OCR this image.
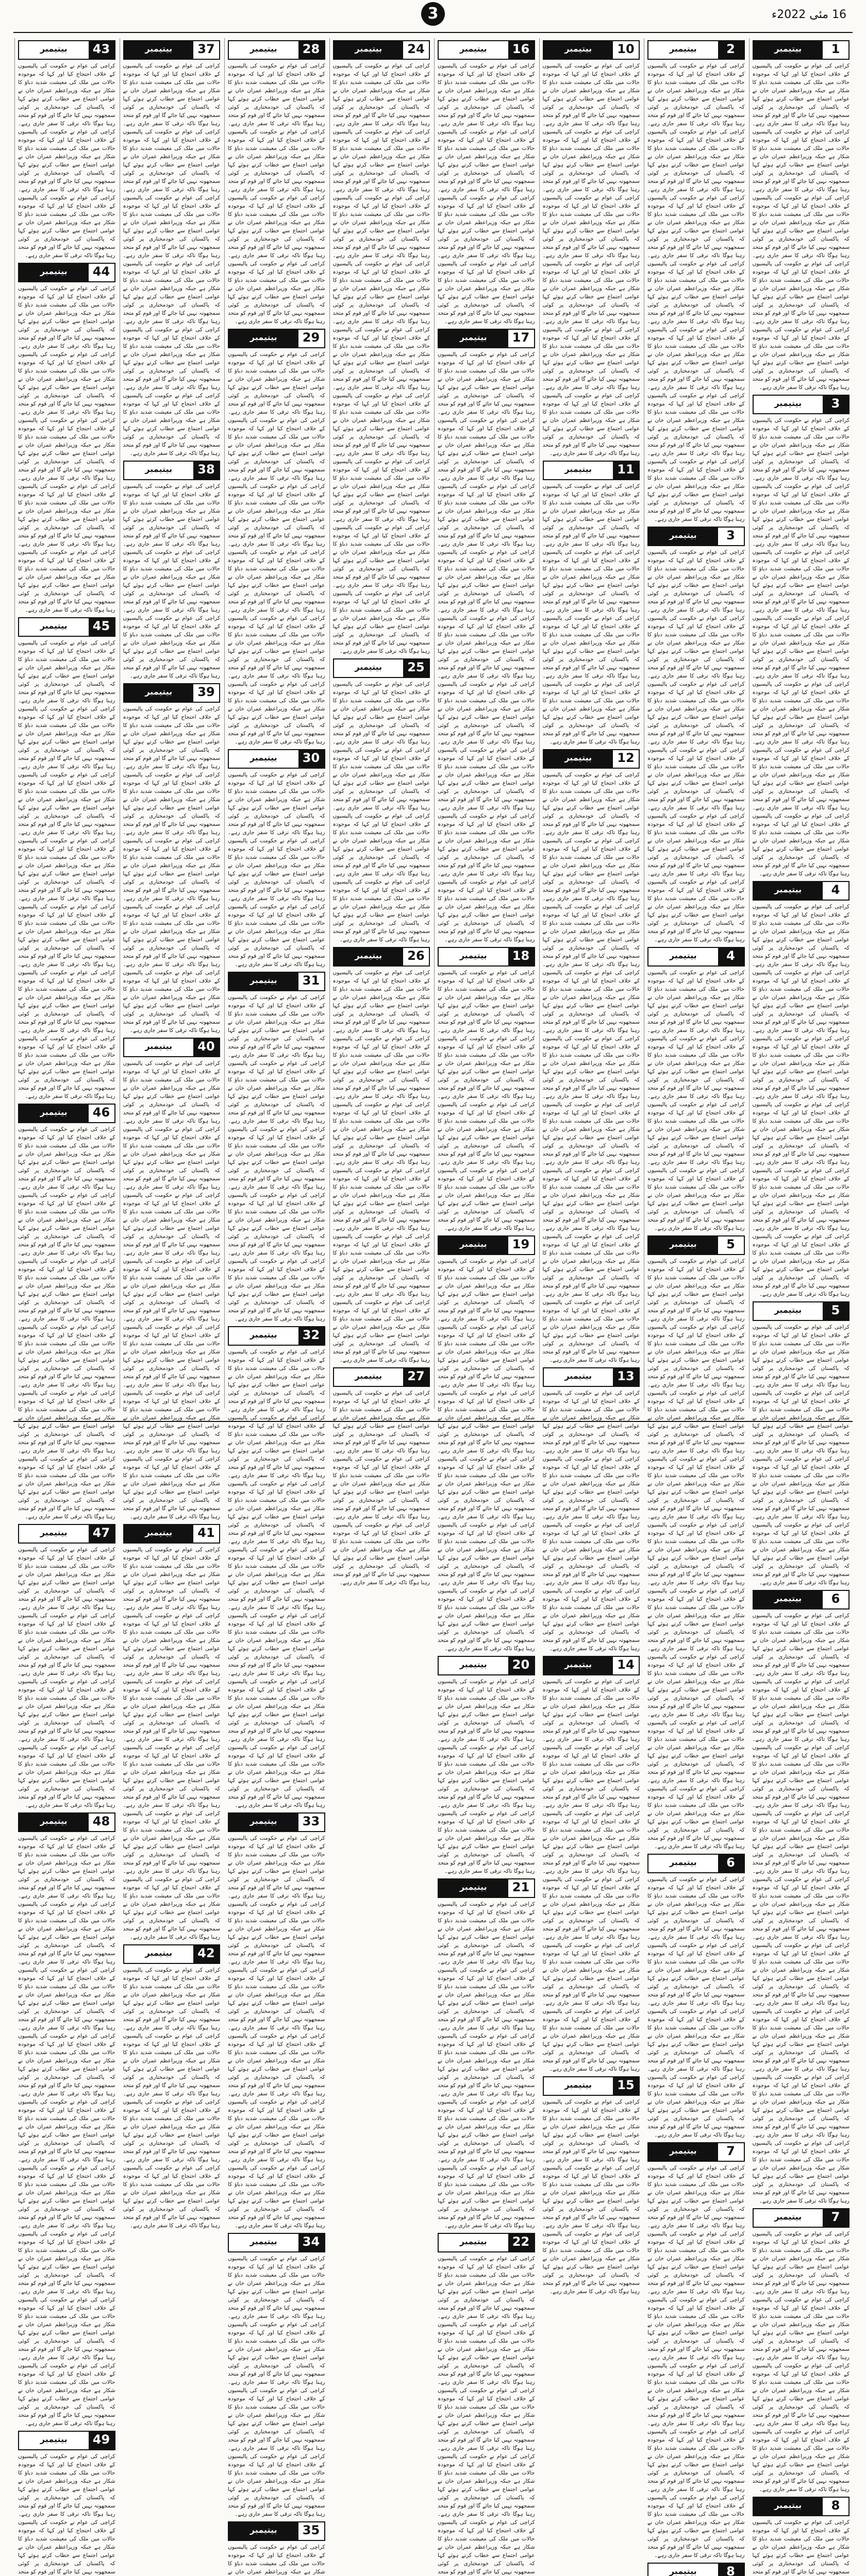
3	16 مئی 2022ء
1
بیتیمبر
کراچی کی عوام نے حکومت کی پالیسیوں کے خلاف احتجاج کیا اور کہا کہ موجودہ حالات میں ملک کی معیشت شدید دباؤ کا شکار ہے جبکہ وزیراعظم عمران خان نے عوامی اجتماع سے خطاب کرتے ہوئے کہا کہ پاکستان کی خودمختاری پر کوئی سمجھوتہ نہیں کیا جائے گا اور قوم کو متحد رہنا ہوگا تاکہ ترقی کا سفر جاری رہے۔ کراچی کی عوام نے حکومت کی پالیسیوں کے خلاف احتجاج کیا اور کہا کہ موجودہ حالات میں ملک کی معیشت شدید دباؤ کا شکار ہے جبکہ وزیراعظم عمران خان نے عوامی اجتماع سے خطاب کرتے ہوئے کہا کہ پاکستان کی خودمختاری پر کوئی سمجھوتہ نہیں کیا جائے گا اور قوم کو متحد رہنا ہوگا تاکہ ترقی کا سفر جاری رہے۔ کراچی کی عوام نے حکومت کی پالیسیوں کے خلاف احتجاج کیا اور کہا کہ موجودہ حالات میں ملک کی معیشت شدید دباؤ کا شکار ہے جبکہ وزیراعظم عمران خان نے عوامی اجتماع سے خطاب کرتے ہوئے کہا کہ پاکستان کی خودمختاری پر کوئی سمجھوتہ نہیں کیا جائے گا اور قوم کو متحد رہنا ہوگا تاکہ ترقی کا سفر جاری رہے۔ کراچی کی عوام نے حکومت کی پالیسیوں کے خلاف احتجاج کیا اور کہا کہ موجودہ حالات میں ملک کی معیشت شدید دباؤ کا شکار ہے جبکہ وزیراعظم عمران خان نے عوامی اجتماع سے خطاب کرتے ہوئے کہا کہ پاکستان کی خودمختاری پر کوئی سمجھوتہ نہیں کیا جائے گا اور قوم کو متحد رہنا ہوگا تاکہ ترقی کا سفر جاری رہے۔ کراچی کی عوام نے حکومت کی پالیسیوں کے خلاف احتجاج کیا اور کہا کہ موجودہ حالات میں ملک کی معیشت شدید دباؤ کا شکار ہے جبکہ وزیراعظم عمران خان نے عوامی اجتماع سے خطاب کرتے ہوئے کہا کہ پاکستان کی خودمختاری پر کوئی سمجھوتہ نہیں کیا جائے گا اور قوم کو متحد رہنا ہوگا تاکہ ترقی کا سفر جاری رہے۔
3
بیتیمبر
کراچی کی عوام نے حکومت کی پالیسیوں کے خلاف احتجاج کیا اور کہا کہ موجودہ حالات میں ملک کی معیشت شدید دباؤ کا شکار ہے جبکہ وزیراعظم عمران خان نے عوامی اجتماع سے خطاب کرتے ہوئے کہا کہ پاکستان کی خودمختاری پر کوئی سمجھوتہ نہیں کیا جائے گا اور قوم کو متحد رہنا ہوگا تاکہ ترقی کا سفر جاری رہے۔ کراچی کی عوام نے حکومت کی پالیسیوں کے خلاف احتجاج کیا اور کہا کہ موجودہ حالات میں ملک کی معیشت شدید دباؤ کا شکار ہے جبکہ وزیراعظم عمران خان نے عوامی اجتماع سے خطاب کرتے ہوئے کہا کہ پاکستان کی خودمختاری پر کوئی سمجھوتہ نہیں کیا جائے گا اور قوم کو متحد رہنا ہوگا تاکہ ترقی کا سفر جاری رہے۔ کراچی کی عوام نے حکومت کی پالیسیوں کے خلاف احتجاج کیا اور کہا کہ موجودہ حالات میں ملک کی معیشت شدید دباؤ کا شکار ہے جبکہ وزیراعظم عمران خان نے عوامی اجتماع سے خطاب کرتے ہوئے کہا کہ پاکستان کی خودمختاری پر کوئی سمجھوتہ نہیں کیا جائے گا اور قوم کو متحد رہنا ہوگا تاکہ ترقی کا سفر جاری رہے۔ کراچی کی عوام نے حکومت کی پالیسیوں کے خلاف احتجاج کیا اور کہا کہ موجودہ حالات میں ملک کی معیشت شدید دباؤ کا شکار ہے جبکہ وزیراعظم عمران خان نے عوامی اجتماع سے خطاب کرتے ہوئے کہا کہ پاکستان کی خودمختاری پر کوئی سمجھوتہ نہیں کیا جائے گا اور قوم کو متحد رہنا ہوگا تاکہ ترقی کا سفر جاری رہے۔ کراچی کی عوام نے حکومت کی پالیسیوں کے خلاف احتجاج کیا اور کہا کہ موجودہ حالات میں ملک کی معیشت شدید دباؤ کا شکار ہے جبکہ وزیراعظم عمران خان نے عوامی اجتماع سے خطاب کرتے ہوئے کہا کہ پاکستان کی خودمختاری پر کوئی سمجھوتہ نہیں کیا جائے گا اور قوم کو متحد رہنا ہوگا تاکہ ترقی کا سفر جاری رہے۔ کراچی کی عوام نے حکومت کی پالیسیوں کے خلاف احتجاج کیا اور کہا کہ موجودہ حالات میں ملک کی معیشت شدید دباؤ کا شکار ہے جبکہ وزیراعظم عمران خان نے عوامی اجتماع سے خطاب کرتے ہوئے کہا کہ پاکستان کی خودمختاری پر کوئی سمجھوتہ نہیں کیا جائے گا اور قوم کو متحد رہنا ہوگا تاکہ ترقی کا سفر جاری رہے۔ کراچی کی عوام نے حکومت کی پالیسیوں کے خلاف احتجاج کیا اور کہا کہ موجودہ حالات میں ملک کی معیشت شدید دباؤ کا شکار ہے جبکہ وزیراعظم عمران خان نے عوامی اجتماع سے خطاب کرتے ہوئے کہا کہ پاکستان کی خودمختاری پر کوئی سمجھوتہ نہیں کیا جائے گا اور قوم کو متحد رہنا ہوگا تاکہ ترقی کا سفر جاری رہے۔
4
بیتیمبر
کراچی کی عوام نے حکومت کی پالیسیوں کے خلاف احتجاج کیا اور کہا کہ موجودہ حالات میں ملک کی معیشت شدید دباؤ کا شکار ہے جبکہ وزیراعظم عمران خان نے عوامی اجتماع سے خطاب کرتے ہوئے کہا کہ پاکستان کی خودمختاری پر کوئی سمجھوتہ نہیں کیا جائے گا اور قوم کو متحد رہنا ہوگا تاکہ ترقی کا سفر جاری رہے۔ کراچی کی عوام نے حکومت کی پالیسیوں کے خلاف احتجاج کیا اور کہا کہ موجودہ حالات میں ملک کی معیشت شدید دباؤ کا شکار ہے جبکہ وزیراعظم عمران خان نے عوامی اجتماع سے خطاب کرتے ہوئے کہا کہ پاکستان کی خودمختاری پر کوئی سمجھوتہ نہیں کیا جائے گا اور قوم کو متحد رہنا ہوگا تاکہ ترقی کا سفر جاری رہے۔ کراچی کی عوام نے حکومت کی پالیسیوں کے خلاف احتجاج کیا اور کہا کہ موجودہ حالات میں ملک کی معیشت شدید دباؤ کا شکار ہے جبکہ وزیراعظم عمران خان نے عوامی اجتماع سے خطاب کرتے ہوئے کہا کہ پاکستان کی خودمختاری پر کوئی سمجھوتہ نہیں کیا جائے گا اور قوم کو متحد رہنا ہوگا تاکہ ترقی کا سفر جاری رہے۔ کراچی کی عوام نے حکومت کی پالیسیوں کے خلاف احتجاج کیا اور کہا کہ موجودہ حالات میں ملک کی معیشت شدید دباؤ کا شکار ہے جبکہ وزیراعظم عمران خان نے عوامی اجتماع سے خطاب کرتے ہوئے کہا کہ پاکستان کی خودمختاری پر کوئی سمجھوتہ نہیں کیا جائے گا اور قوم کو متحد رہنا ہوگا تاکہ ترقی کا سفر جاری رہے۔ کراچی کی عوام نے حکومت کی پالیسیوں کے خلاف احتجاج کیا اور کہا کہ موجودہ حالات میں ملک کی معیشت شدید دباؤ کا شکار ہے جبکہ وزیراعظم عمران خان نے عوامی اجتماع سے خطاب کرتے ہوئے کہا کہ پاکستان کی خودمختاری پر کوئی سمجھوتہ نہیں کیا جائے گا اور قوم کو متحد رہنا ہوگا تاکہ ترقی کا سفر جاری رہے۔ کراچی کی عوام نے حکومت کی پالیسیوں کے خلاف احتجاج کیا اور کہا کہ موجودہ حالات میں ملک کی معیشت شدید دباؤ کا شکار ہے جبکہ وزیراعظم عمران خان نے عوامی اجتماع سے خطاب کرتے ہوئے کہا کہ پاکستان کی خودمختاری پر کوئی سمجھوتہ نہیں کیا جائے گا اور قوم کو متحد رہنا ہوگا تاکہ ترقی کا سفر جاری رہے۔
5
بیتیمبر
کراچی کی عوام نے حکومت کی پالیسیوں کے خلاف احتجاج کیا اور کہا کہ موجودہ حالات میں ملک کی معیشت شدید دباؤ کا شکار ہے جبکہ وزیراعظم عمران خان نے عوامی اجتماع سے خطاب کرتے ہوئے کہا کہ پاکستان کی خودمختاری پر کوئی سمجھوتہ نہیں کیا جائے گا اور قوم کو متحد رہنا ہوگا تاکہ ترقی کا سفر جاری رہے۔ کراچی کی عوام نے حکومت کی پالیسیوں کے خلاف احتجاج کیا اور کہا کہ موجودہ حالات میں ملک کی معیشت شدید دباؤ کا شکار ہے جبکہ وزیراعظم عمران خان نے عوامی اجتماع سے خطاب کرتے ہوئے کہا کہ پاکستان کی خودمختاری پر کوئی سمجھوتہ نہیں کیا جائے گا اور قوم کو متحد رہنا ہوگا تاکہ ترقی کا سفر جاری رہے۔ کراچی کی عوام نے حکومت کی پالیسیوں کے خلاف احتجاج کیا اور کہا کہ موجودہ حالات میں ملک کی معیشت شدید دباؤ کا شکار ہے جبکہ وزیراعظم عمران خان نے عوامی اجتماع سے خطاب کرتے ہوئے کہا کہ پاکستان کی خودمختاری پر کوئی سمجھوتہ نہیں کیا جائے گا اور قوم کو متحد رہنا ہوگا تاکہ ترقی کا سفر جاری رہے۔ کراچی کی عوام نے حکومت کی پالیسیوں کے خلاف احتجاج کیا اور کہا کہ موجودہ حالات میں ملک کی معیشت شدید دباؤ کا شکار ہے جبکہ وزیراعظم عمران خان نے عوامی اجتماع سے خطاب کرتے ہوئے کہا کہ پاکستان کی خودمختاری پر کوئی سمجھوتہ نہیں کیا جائے گا اور قوم کو متحد رہنا ہوگا تاکہ ترقی کا سفر جاری رہے۔
6
بیتیمبر
کراچی کی عوام نے حکومت کی پالیسیوں کے خلاف احتجاج کیا اور کہا کہ موجودہ حالات میں ملک کی معیشت شدید دباؤ کا شکار ہے جبکہ وزیراعظم عمران خان نے عوامی اجتماع سے خطاب کرتے ہوئے کہا کہ پاکستان کی خودمختاری پر کوئی سمجھوتہ نہیں کیا جائے گا اور قوم کو متحد رہنا ہوگا تاکہ ترقی کا سفر جاری رہے۔ کراچی کی عوام نے حکومت کی پالیسیوں کے خلاف احتجاج کیا اور کہا کہ موجودہ حالات میں ملک کی معیشت شدید دباؤ کا شکار ہے جبکہ وزیراعظم عمران خان نے عوامی اجتماع سے خطاب کرتے ہوئے کہا کہ پاکستان کی خودمختاری پر کوئی سمجھوتہ نہیں کیا جائے گا اور قوم کو متحد رہنا ہوگا تاکہ ترقی کا سفر جاری رہے۔ کراچی کی عوام نے حکومت کی پالیسیوں کے خلاف احتجاج کیا اور کہا کہ موجودہ حالات میں ملک کی معیشت شدید دباؤ کا شکار ہے جبکہ وزیراعظم عمران خان نے عوامی اجتماع سے خطاب کرتے ہوئے کہا کہ پاکستان کی خودمختاری پر کوئی سمجھوتہ نہیں کیا جائے گا اور قوم کو متحد رہنا ہوگا تاکہ ترقی کا سفر جاری رہے۔ کراچی کی عوام نے حکومت کی پالیسیوں کے خلاف احتجاج کیا اور کہا کہ موجودہ حالات میں ملک کی معیشت شدید دباؤ کا شکار ہے جبکہ وزیراعظم عمران خان نے عوامی اجتماع سے خطاب کرتے ہوئے کہا کہ پاکستان کی خودمختاری پر کوئی سمجھوتہ نہیں کیا جائے گا اور قوم کو متحد رہنا ہوگا تاکہ ترقی کا سفر جاری رہے۔ کراچی کی عوام نے حکومت کی پالیسیوں کے خلاف احتجاج کیا اور کہا کہ موجودہ حالات میں ملک کی معیشت شدید دباؤ کا شکار ہے جبکہ وزیراعظم عمران خان نے عوامی اجتماع سے خطاب کرتے ہوئے کہا کہ پاکستان کی خودمختاری پر کوئی سمجھوتہ نہیں کیا جائے گا اور قوم کو متحد رہنا ہوگا تاکہ ترقی کا سفر جاری رہے۔ کراچی کی عوام نے حکومت کی پالیسیوں کے خلاف احتجاج کیا اور کہا کہ موجودہ حالات میں ملک کی معیشت شدید دباؤ کا شکار ہے جبکہ وزیراعظم عمران خان نے عوامی اجتماع سے خطاب کرتے ہوئے کہا کہ پاکستان کی خودمختاری پر کوئی سمجھوتہ نہیں کیا جائے گا اور قوم کو متحد رہنا ہوگا تاکہ ترقی کا سفر جاری رہے۔ کراچی کی عوام نے حکومت کی پالیسیوں کے خلاف احتجاج کیا اور کہا کہ موجودہ حالات میں ملک کی معیشت شدید دباؤ کا شکار ہے جبکہ وزیراعظم عمران خان نے عوامی اجتماع سے خطاب کرتے ہوئے کہا کہ پاکستان کی خودمختاری پر کوئی سمجھوتہ نہیں کیا جائے گا اور قوم کو متحد رہنا ہوگا تاکہ ترقی کا سفر جاری رہے۔ کراچی کی عوام نے حکومت کی پالیسیوں کے خلاف احتجاج کیا اور کہا کہ موجودہ حالات میں ملک کی معیشت شدید دباؤ کا شکار ہے جبکہ وزیراعظم عمران خان نے عوامی اجتماع سے خطاب کرتے ہوئے کہا کہ پاکستان کی خودمختاری پر کوئی سمجھوتہ نہیں کیا جائے گا اور قوم کو متحد رہنا ہوگا تاکہ ترقی کا سفر جاری رہے۔ کراچی کی عوام نے حکومت کی پالیسیوں کے خلاف احتجاج کیا اور کہا کہ موجودہ حالات میں ملک کی معیشت شدید دباؤ کا شکار ہے جبکہ وزیراعظم عمران خان نے عوامی اجتماع سے خطاب کرتے ہوئے کہا کہ پاکستان کی خودمختاری پر کوئی سمجھوتہ نہیں کیا جائے گا اور قوم کو متحد رہنا ہوگا تاکہ ترقی کا سفر جاری رہے۔
7
بیتیمبر
کراچی کی عوام نے حکومت کی پالیسیوں کے خلاف احتجاج کیا اور کہا کہ موجودہ حالات میں ملک کی معیشت شدید دباؤ کا شکار ہے جبکہ وزیراعظم عمران خان نے عوامی اجتماع سے خطاب کرتے ہوئے کہا کہ پاکستان کی خودمختاری پر کوئی سمجھوتہ نہیں کیا جائے گا اور قوم کو متحد رہنا ہوگا تاکہ ترقی کا سفر جاری رہے۔ کراچی کی عوام نے حکومت کی پالیسیوں کے خلاف احتجاج کیا اور کہا کہ موجودہ حالات میں ملک کی معیشت شدید دباؤ کا شکار ہے جبکہ وزیراعظم عمران خان نے عوامی اجتماع سے خطاب کرتے ہوئے کہا کہ پاکستان کی خودمختاری پر کوئی سمجھوتہ نہیں کیا جائے گا اور قوم کو متحد رہنا ہوگا تاکہ ترقی کا سفر جاری رہے۔ کراچی کی عوام نے حکومت کی پالیسیوں کے خلاف احتجاج کیا اور کہا کہ موجودہ حالات میں ملک کی معیشت شدید دباؤ کا شکار ہے جبکہ وزیراعظم عمران خان نے عوامی اجتماع سے خطاب کرتے ہوئے کہا کہ پاکستان کی خودمختاری پر کوئی سمجھوتہ نہیں کیا جائے گا اور قوم کو متحد رہنا ہوگا تاکہ ترقی کا سفر جاری رہے۔ کراچی کی عوام نے حکومت کی پالیسیوں کے خلاف احتجاج کیا اور کہا کہ موجودہ حالات میں ملک کی معیشت شدید دباؤ کا شکار ہے جبکہ وزیراعظم عمران خان نے عوامی اجتماع سے خطاب کرتے ہوئے کہا کہ پاکستان کی خودمختاری پر کوئی سمجھوتہ نہیں کیا جائے گا اور قوم کو متحد رہنا ہوگا تاکہ ترقی کا سفر جاری رہے۔
8
بیتیمبر
کراچی کی عوام نے حکومت کی پالیسیوں کے خلاف احتجاج کیا اور کہا کہ موجودہ حالات میں ملک کی معیشت شدید دباؤ کا شکار ہے جبکہ وزیراعظم عمران خان نے عوامی اجتماع سے خطاب کرتے ہوئے کہا کہ پاکستان کی خودمختاری پر کوئی سمجھوتہ نہیں کیا جائے گا اور قوم کو متحد
2
بیتیمبر
کراچی کی عوام نے حکومت کی پالیسیوں کے خلاف احتجاج کیا اور کہا کہ موجودہ حالات میں ملک کی معیشت شدید دباؤ کا شکار ہے جبکہ وزیراعظم عمران خان نے عوامی اجتماع سے خطاب کرتے ہوئے کہا کہ پاکستان کی خودمختاری پر کوئی سمجھوتہ نہیں کیا جائے گا اور قوم کو متحد رہنا ہوگا تاکہ ترقی کا سفر جاری رہے۔ کراچی کی عوام نے حکومت کی پالیسیوں کے خلاف احتجاج کیا اور کہا کہ موجودہ حالات میں ملک کی معیشت شدید دباؤ کا شکار ہے جبکہ وزیراعظم عمران خان نے عوامی اجتماع سے خطاب کرتے ہوئے کہا کہ پاکستان کی خودمختاری پر کوئی سمجھوتہ نہیں کیا جائے گا اور قوم کو متحد رہنا ہوگا تاکہ ترقی کا سفر جاری رہے۔ کراچی کی عوام نے حکومت کی پالیسیوں کے خلاف احتجاج کیا اور کہا کہ موجودہ حالات میں ملک کی معیشت شدید دباؤ کا شکار ہے جبکہ وزیراعظم عمران خان نے عوامی اجتماع سے خطاب کرتے ہوئے کہا کہ پاکستان کی خودمختاری پر کوئی سمجھوتہ نہیں کیا جائے گا اور قوم کو متحد رہنا ہوگا تاکہ ترقی کا سفر جاری رہے۔ کراچی کی عوام نے حکومت کی پالیسیوں کے خلاف احتجاج کیا اور کہا کہ موجودہ حالات میں ملک کی معیشت شدید دباؤ کا شکار ہے جبکہ وزیراعظم عمران خان نے عوامی اجتماع سے خطاب کرتے ہوئے کہا کہ پاکستان کی خودمختاری پر کوئی سمجھوتہ نہیں کیا جائے گا اور قوم کو متحد رہنا ہوگا تاکہ ترقی کا سفر جاری رہے۔ کراچی کی عوام نے حکومت کی پالیسیوں کے خلاف احتجاج کیا اور کہا کہ موجودہ حالات میں ملک کی معیشت شدید دباؤ کا شکار ہے جبکہ وزیراعظم عمران خان نے عوامی اجتماع سے خطاب کرتے ہوئے کہا کہ پاکستان کی خودمختاری پر کوئی سمجھوتہ نہیں کیا جائے گا اور قوم کو متحد رہنا ہوگا تاکہ ترقی کا سفر جاری رہے۔ کراچی کی عوام نے حکومت کی پالیسیوں کے خلاف احتجاج کیا اور کہا کہ موجودہ حالات میں ملک کی معیشت شدید دباؤ کا شکار ہے جبکہ وزیراعظم عمران خان نے عوامی اجتماع سے خطاب کرتے ہوئے کہا کہ پاکستان کی خودمختاری پر کوئی سمجھوتہ نہیں کیا جائے گا اور قوم کو متحد رہنا ہوگا تاکہ ترقی کا سفر جاری رہے۔ کراچی کی عوام نے حکومت کی پالیسیوں کے خلاف احتجاج کیا اور کہا کہ موجودہ حالات میں ملک کی معیشت شدید دباؤ کا شکار ہے جبکہ وزیراعظم عمران خان نے عوامی اجتماع سے خطاب کرتے ہوئے کہا کہ پاکستان کی خودمختاری پر کوئی سمجھوتہ نہیں کیا جائے گا اور قوم کو متحد رہنا ہوگا تاکہ ترقی کا سفر جاری رہے۔
3
بیتیمبر
کراچی کی عوام نے حکومت کی پالیسیوں کے خلاف احتجاج کیا اور کہا کہ موجودہ حالات میں ملک کی معیشت شدید دباؤ کا شکار ہے جبکہ وزیراعظم عمران خان نے عوامی اجتماع سے خطاب کرتے ہوئے کہا کہ پاکستان کی خودمختاری پر کوئی سمجھوتہ نہیں کیا جائے گا اور قوم کو متحد رہنا ہوگا تاکہ ترقی کا سفر جاری رہے۔ کراچی کی عوام نے حکومت کی پالیسیوں کے خلاف احتجاج کیا اور کہا کہ موجودہ حالات میں ملک کی معیشت شدید دباؤ کا شکار ہے جبکہ وزیراعظم عمران خان نے عوامی اجتماع سے خطاب کرتے ہوئے کہا کہ پاکستان کی خودمختاری پر کوئی سمجھوتہ نہیں کیا جائے گا اور قوم کو متحد رہنا ہوگا تاکہ ترقی کا سفر جاری رہے۔ کراچی کی عوام نے حکومت کی پالیسیوں کے خلاف احتجاج کیا اور کہا کہ موجودہ حالات میں ملک کی معیشت شدید دباؤ کا شکار ہے جبکہ وزیراعظم عمران خان نے عوامی اجتماع سے خطاب کرتے ہوئے کہا کہ پاکستان کی خودمختاری پر کوئی سمجھوتہ نہیں کیا جائے گا اور قوم کو متحد رہنا ہوگا تاکہ ترقی کا سفر جاری رہے۔ کراچی کی عوام نے حکومت کی پالیسیوں کے خلاف احتجاج کیا اور کہا کہ موجودہ حالات میں ملک کی معیشت شدید دباؤ کا شکار ہے جبکہ وزیراعظم عمران خان نے عوامی اجتماع سے خطاب کرتے ہوئے کہا کہ پاکستان کی خودمختاری پر کوئی سمجھوتہ نہیں کیا جائے گا اور قوم کو متحد رہنا ہوگا تاکہ ترقی کا سفر جاری رہے۔ کراچی کی عوام نے حکومت کی پالیسیوں کے خلاف احتجاج کیا اور کہا کہ موجودہ حالات میں ملک کی معیشت شدید دباؤ کا شکار ہے جبکہ وزیراعظم عمران خان نے عوامی اجتماع سے خطاب کرتے ہوئے کہا کہ پاکستان کی خودمختاری پر کوئی سمجھوتہ نہیں کیا جائے گا اور قوم کو متحد رہنا ہوگا تاکہ ترقی کا سفر جاری رہے۔ کراچی کی عوام نے حکومت کی پالیسیوں کے خلاف احتجاج کیا اور کہا کہ موجودہ حالات میں ملک کی معیشت شدید دباؤ کا شکار ہے جبکہ وزیراعظم عمران خان نے عوامی اجتماع سے خطاب کرتے ہوئے کہا کہ پاکستان کی خودمختاری پر کوئی سمجھوتہ نہیں کیا جائے گا اور قوم کو متحد رہنا ہوگا تاکہ ترقی کا سفر جاری رہے۔
4
بیتیمبر
کراچی کی عوام نے حکومت کی پالیسیوں کے خلاف احتجاج کیا اور کہا کہ موجودہ حالات میں ملک کی معیشت شدید دباؤ کا شکار ہے جبکہ وزیراعظم عمران خان نے عوامی اجتماع سے خطاب کرتے ہوئے کہا کہ پاکستان کی خودمختاری پر کوئی سمجھوتہ نہیں کیا جائے گا اور قوم کو متحد رہنا ہوگا تاکہ ترقی کا سفر جاری رہے۔ کراچی کی عوام نے حکومت کی پالیسیوں کے خلاف احتجاج کیا اور کہا کہ موجودہ حالات میں ملک کی معیشت شدید دباؤ کا شکار ہے جبکہ وزیراعظم عمران خان نے عوامی اجتماع سے خطاب کرتے ہوئے کہا کہ پاکستان کی خودمختاری پر کوئی سمجھوتہ نہیں کیا جائے گا اور قوم کو متحد رہنا ہوگا تاکہ ترقی کا سفر جاری رہے۔ کراچی کی عوام نے حکومت کی پالیسیوں کے خلاف احتجاج کیا اور کہا کہ موجودہ حالات میں ملک کی معیشت شدید دباؤ کا شکار ہے جبکہ وزیراعظم عمران خان نے عوامی اجتماع سے خطاب کرتے ہوئے کہا کہ پاکستان کی خودمختاری پر کوئی سمجھوتہ نہیں کیا جائے گا اور قوم کو متحد رہنا ہوگا تاکہ ترقی کا سفر جاری رہے۔ کراچی کی عوام نے حکومت کی پالیسیوں کے خلاف احتجاج کیا اور کہا کہ موجودہ حالات میں ملک کی معیشت شدید دباؤ کا شکار ہے جبکہ وزیراعظم عمران خان نے عوامی اجتماع سے خطاب کرتے ہوئے کہا کہ پاکستان کی خودمختاری پر کوئی سمجھوتہ نہیں کیا جائے گا اور قوم کو متحد رہنا ہوگا تاکہ ترقی کا سفر جاری رہے۔
5
بیتیمبر
کراچی کی عوام نے حکومت کی پالیسیوں کے خلاف احتجاج کیا اور کہا کہ موجودہ حالات میں ملک کی معیشت شدید دباؤ کا شکار ہے جبکہ وزیراعظم عمران خان نے عوامی اجتماع سے خطاب کرتے ہوئے کہا کہ پاکستان کی خودمختاری پر کوئی سمجھوتہ نہیں کیا جائے گا اور قوم کو متحد رہنا ہوگا تاکہ ترقی کا سفر جاری رہے۔ کراچی کی عوام نے حکومت کی پالیسیوں کے خلاف احتجاج کیا اور کہا کہ موجودہ حالات میں ملک کی معیشت شدید دباؤ کا شکار ہے جبکہ وزیراعظم عمران خان نے عوامی اجتماع سے خطاب کرتے ہوئے کہا کہ پاکستان کی خودمختاری پر کوئی سمجھوتہ نہیں کیا جائے گا اور قوم کو متحد رہنا ہوگا تاکہ ترقی کا سفر جاری رہے۔ کراچی کی عوام نے حکومت کی پالیسیوں کے خلاف احتجاج کیا اور کہا کہ موجودہ حالات میں ملک کی معیشت شدید دباؤ کا شکار ہے جبکہ وزیراعظم عمران خان نے عوامی اجتماع سے خطاب کرتے ہوئے کہا کہ پاکستان کی خودمختاری پر کوئی سمجھوتہ نہیں کیا جائے گا اور قوم کو متحد رہنا ہوگا تاکہ ترقی کا سفر جاری رہے۔ کراچی کی عوام نے حکومت کی پالیسیوں کے خلاف احتجاج کیا اور کہا کہ موجودہ حالات میں ملک کی معیشت شدید دباؤ کا شکار ہے جبکہ وزیراعظم عمران خان نے عوامی اجتماع سے خطاب کرتے ہوئے کہا کہ پاکستان کی خودمختاری پر کوئی سمجھوتہ نہیں کیا جائے گا اور قوم کو متحد رہنا ہوگا تاکہ ترقی کا سفر جاری رہے۔ کراچی کی عوام نے حکومت کی پالیسیوں کے خلاف احتجاج کیا اور کہا کہ موجودہ حالات میں ملک کی معیشت شدید دباؤ کا شکار ہے جبکہ وزیراعظم عمران خان نے عوامی اجتماع سے خطاب کرتے ہوئے کہا کہ پاکستان کی خودمختاری پر کوئی سمجھوتہ نہیں کیا جائے گا اور قوم کو متحد رہنا ہوگا تاکہ ترقی کا سفر جاری رہے۔ کراچی کی عوام نے حکومت کی پالیسیوں کے خلاف احتجاج کیا اور کہا کہ موجودہ حالات میں ملک کی معیشت شدید دباؤ کا شکار ہے جبکہ وزیراعظم عمران خان نے عوامی اجتماع سے خطاب کرتے ہوئے کہا کہ پاکستان کی خودمختاری پر کوئی سمجھوتہ نہیں کیا جائے گا اور قوم کو متحد رہنا ہوگا تاکہ ترقی کا سفر جاری رہے۔ کراچی کی عوام نے حکومت کی پالیسیوں کے خلاف احتجاج کیا اور کہا کہ موجودہ حالات میں ملک کی معیشت شدید دباؤ کا شکار ہے جبکہ وزیراعظم عمران خان نے عوامی اجتماع سے خطاب کرتے ہوئے کہا کہ پاکستان کی خودمختاری پر کوئی سمجھوتہ نہیں کیا جائے گا اور قوم کو متحد رہنا ہوگا تاکہ ترقی کا سفر جاری رہے۔ کراچی کی عوام نے حکومت کی پالیسیوں کے خلاف احتجاج کیا اور کہا کہ موجودہ حالات میں ملک کی معیشت شدید دباؤ کا شکار ہے جبکہ وزیراعظم عمران خان نے عوامی اجتماع سے خطاب کرتے ہوئے کہا کہ پاکستان کی خودمختاری پر کوئی سمجھوتہ نہیں کیا جائے گا اور قوم کو متحد رہنا ہوگا تاکہ ترقی کا سفر جاری رہے۔ کراچی کی عوام نے حکومت کی پالیسیوں کے خلاف احتجاج کیا اور کہا کہ موجودہ حالات میں ملک کی معیشت شدید دباؤ کا شکار ہے جبکہ وزیراعظم عمران خان نے عوامی اجتماع سے خطاب کرتے ہوئے کہا کہ پاکستان کی خودمختاری پر کوئی سمجھوتہ نہیں کیا جائے گا اور قوم کو متحد رہنا ہوگا تاکہ ترقی کا سفر جاری رہے۔
6
بیتیمبر
کراچی کی عوام نے حکومت کی پالیسیوں کے خلاف احتجاج کیا اور کہا کہ موجودہ حالات میں ملک کی معیشت شدید دباؤ کا شکار ہے جبکہ وزیراعظم عمران خان نے عوامی اجتماع سے خطاب کرتے ہوئے کہا کہ پاکستان کی خودمختاری پر کوئی سمجھوتہ نہیں کیا جائے گا اور قوم کو متحد رہنا ہوگا تاکہ ترقی کا سفر جاری رہے۔ کراچی کی عوام نے حکومت کی پالیسیوں کے خلاف احتجاج کیا اور کہا کہ موجودہ حالات میں ملک کی معیشت شدید دباؤ کا شکار ہے جبکہ وزیراعظم عمران خان نے عوامی اجتماع سے خطاب کرتے ہوئے کہا کہ پاکستان کی خودمختاری پر کوئی سمجھوتہ نہیں کیا جائے گا اور قوم کو متحد رہنا ہوگا تاکہ ترقی کا سفر جاری رہے۔ کراچی کی عوام نے حکومت کی پالیسیوں کے خلاف احتجاج کیا اور کہا کہ موجودہ حالات میں ملک کی معیشت شدید دباؤ کا شکار ہے جبکہ وزیراعظم عمران خان نے عوامی اجتماع سے خطاب کرتے ہوئے کہا کہ پاکستان کی خودمختاری پر کوئی سمجھوتہ نہیں کیا جائے گا اور قوم کو متحد رہنا ہوگا تاکہ ترقی کا سفر جاری رہے۔ کراچی کی عوام نے حکومت کی پالیسیوں کے خلاف احتجاج کیا اور کہا کہ موجودہ حالات میں ملک کی معیشت شدید دباؤ کا شکار ہے جبکہ وزیراعظم عمران خان نے عوامی اجتماع سے خطاب کرتے ہوئے کہا کہ پاکستان کی خودمختاری پر کوئی سمجھوتہ نہیں کیا جائے گا اور قوم کو متحد رہنا ہوگا تاکہ ترقی کا سفر جاری رہے۔
7
بیتیمبر
کراچی کی عوام نے حکومت کی پالیسیوں کے خلاف احتجاج کیا اور کہا کہ موجودہ حالات میں ملک کی معیشت شدید دباؤ کا شکار ہے جبکہ وزیراعظم عمران خان نے عوامی اجتماع سے خطاب کرتے ہوئے کہا کہ پاکستان کی خودمختاری پر کوئی سمجھوتہ نہیں کیا جائے گا اور قوم کو متحد رہنا ہوگا تاکہ ترقی کا سفر جاری رہے۔ کراچی کی عوام نے حکومت کی پالیسیوں کے خلاف احتجاج کیا اور کہا کہ موجودہ حالات میں ملک کی معیشت شدید دباؤ کا شکار ہے جبکہ وزیراعظم عمران خان نے عوامی اجتماع سے خطاب کرتے ہوئے کہا کہ پاکستان کی خودمختاری پر کوئی سمجھوتہ نہیں کیا جائے گا اور قوم کو متحد رہنا ہوگا تاکہ ترقی کا سفر جاری رہے۔ کراچی کی عوام نے حکومت کی پالیسیوں کے خلاف احتجاج کیا اور کہا کہ موجودہ حالات میں ملک کی معیشت شدید دباؤ کا شکار ہے جبکہ وزیراعظم عمران خان نے عوامی اجتماع سے خطاب کرتے ہوئے کہا کہ پاکستان کی خودمختاری پر کوئی سمجھوتہ نہیں کیا جائے گا اور قوم کو متحد رہنا ہوگا تاکہ ترقی کا سفر جاری رہے۔ کراچی کی عوام نے حکومت کی پالیسیوں کے خلاف احتجاج کیا اور کہا کہ موجودہ حالات میں ملک کی معیشت شدید دباؤ کا شکار ہے جبکہ وزیراعظم عمران خان نے عوامی اجتماع سے خطاب کرتے ہوئے کہا کہ پاکستان کی خودمختاری پر کوئی سمجھوتہ نہیں کیا جائے گا اور قوم کو متحد رہنا ہوگا تاکہ ترقی کا سفر جاری رہے۔ کراچی کی عوام نے حکومت کی پالیسیوں کے خلاف احتجاج کیا اور کہا کہ موجودہ حالات میں ملک کی معیشت شدید دباؤ کا شکار ہے جبکہ وزیراعظم عمران خان نے عوامی اجتماع سے خطاب کرتے ہوئے کہا کہ پاکستان کی خودمختاری پر کوئی سمجھوتہ نہیں کیا جائے گا اور قوم کو متحد رہنا ہوگا تاکہ ترقی کا سفر جاری رہے۔ کراچی کی عوام نے حکومت کی پالیسیوں کے خلاف احتجاج کیا اور کہا کہ موجودہ حالات میں ملک کی معیشت شدید دباؤ کا شکار ہے جبکہ وزیراعظم عمران خان نے عوامی اجتماع سے خطاب کرتے ہوئے کہا کہ پاکستان کی خودمختاری پر کوئی سمجھوتہ نہیں کیا جائے گا اور قوم کو متحد رہنا ہوگا تاکہ ترقی کا سفر جاری رہے۔
8
بیتیمبر
10
بیتیمبر
کراچی کی عوام نے حکومت کی پالیسیوں کے خلاف احتجاج کیا اور کہا کہ موجودہ حالات میں ملک کی معیشت شدید دباؤ کا شکار ہے جبکہ وزیراعظم عمران خان نے عوامی اجتماع سے خطاب کرتے ہوئے کہا کہ پاکستان کی خودمختاری پر کوئی سمجھوتہ نہیں کیا جائے گا اور قوم کو متحد رہنا ہوگا تاکہ ترقی کا سفر جاری رہے۔ کراچی کی عوام نے حکومت کی پالیسیوں کے خلاف احتجاج کیا اور کہا کہ موجودہ حالات میں ملک کی معیشت شدید دباؤ کا شکار ہے جبکہ وزیراعظم عمران خان نے عوامی اجتماع سے خطاب کرتے ہوئے کہا کہ پاکستان کی خودمختاری پر کوئی سمجھوتہ نہیں کیا جائے گا اور قوم کو متحد رہنا ہوگا تاکہ ترقی کا سفر جاری رہے۔ کراچی کی عوام نے حکومت کی پالیسیوں کے خلاف احتجاج کیا اور کہا کہ موجودہ حالات میں ملک کی معیشت شدید دباؤ کا شکار ہے جبکہ وزیراعظم عمران خان نے عوامی اجتماع سے خطاب کرتے ہوئے کہا کہ پاکستان کی خودمختاری پر کوئی سمجھوتہ نہیں کیا جائے گا اور قوم کو متحد رہنا ہوگا تاکہ ترقی کا سفر جاری رہے۔ کراچی کی عوام نے حکومت کی پالیسیوں کے خلاف احتجاج کیا اور کہا کہ موجودہ حالات میں ملک کی معیشت شدید دباؤ کا شکار ہے جبکہ وزیراعظم عمران خان نے عوامی اجتماع سے خطاب کرتے ہوئے کہا کہ پاکستان کی خودمختاری پر کوئی سمجھوتہ نہیں کیا جائے گا اور قوم کو متحد رہنا ہوگا تاکہ ترقی کا سفر جاری رہے۔ کراچی کی عوام نے حکومت کی پالیسیوں کے خلاف احتجاج کیا اور کہا کہ موجودہ حالات میں ملک کی معیشت شدید دباؤ کا شکار ہے جبکہ وزیراعظم عمران خان نے عوامی اجتماع سے خطاب کرتے ہوئے کہا کہ پاکستان کی خودمختاری پر کوئی سمجھوتہ نہیں کیا جائے گا اور قوم کو متحد رہنا ہوگا تاکہ ترقی کا سفر جاری رہے۔ کراچی کی عوام نے حکومت کی پالیسیوں کے خلاف احتجاج کیا اور کہا کہ موجودہ حالات میں ملک کی معیشت شدید دباؤ کا شکار ہے جبکہ وزیراعظم عمران خان نے عوامی اجتماع سے خطاب کرتے ہوئے کہا کہ پاکستان کی خودمختاری پر کوئی سمجھوتہ نہیں کیا جائے گا اور قوم کو متحد رہنا ہوگا تاکہ ترقی کا سفر جاری رہے۔
11
بیتیمبر
کراچی کی عوام نے حکومت کی پالیسیوں کے خلاف احتجاج کیا اور کہا کہ موجودہ حالات میں ملک کی معیشت شدید دباؤ کا شکار ہے جبکہ وزیراعظم عمران خان نے عوامی اجتماع سے خطاب کرتے ہوئے کہا کہ پاکستان کی خودمختاری پر کوئی سمجھوتہ نہیں کیا جائے گا اور قوم کو متحد رہنا ہوگا تاکہ ترقی کا سفر جاری رہے۔ کراچی کی عوام نے حکومت کی پالیسیوں کے خلاف احتجاج کیا اور کہا کہ موجودہ حالات میں ملک کی معیشت شدید دباؤ کا شکار ہے جبکہ وزیراعظم عمران خان نے عوامی اجتماع سے خطاب کرتے ہوئے کہا کہ پاکستان کی خودمختاری پر کوئی سمجھوتہ نہیں کیا جائے گا اور قوم کو متحد رہنا ہوگا تاکہ ترقی کا سفر جاری رہے۔ کراچی کی عوام نے حکومت کی پالیسیوں کے خلاف احتجاج کیا اور کہا کہ موجودہ حالات میں ملک کی معیشت شدید دباؤ کا شکار ہے جبکہ وزیراعظم عمران خان نے عوامی اجتماع سے خطاب کرتے ہوئے کہا کہ پاکستان کی خودمختاری پر کوئی سمجھوتہ نہیں کیا جائے گا اور قوم کو متحد رہنا ہوگا تاکہ ترقی کا سفر جاری رہے۔ کراچی کی عوام نے حکومت کی پالیسیوں کے خلاف احتجاج کیا اور کہا کہ موجودہ حالات میں ملک کی معیشت شدید دباؤ کا شکار ہے جبکہ وزیراعظم عمران خان نے عوامی اجتماع سے خطاب کرتے ہوئے کہا کہ پاکستان کی خودمختاری پر کوئی سمجھوتہ نہیں کیا جائے گا اور قوم کو متحد رہنا ہوگا تاکہ ترقی کا سفر جاری رہے۔
12
بیتیمبر
کراچی کی عوام نے حکومت کی پالیسیوں کے خلاف احتجاج کیا اور کہا کہ موجودہ حالات میں ملک کی معیشت شدید دباؤ کا شکار ہے جبکہ وزیراعظم عمران خان نے عوامی اجتماع سے خطاب کرتے ہوئے کہا کہ پاکستان کی خودمختاری پر کوئی سمجھوتہ نہیں کیا جائے گا اور قوم کو متحد رہنا ہوگا تاکہ ترقی کا سفر جاری رہے۔ کراچی کی عوام نے حکومت کی پالیسیوں کے خلاف احتجاج کیا اور کہا کہ موجودہ حالات میں ملک کی معیشت شدید دباؤ کا شکار ہے جبکہ وزیراعظم عمران خان نے عوامی اجتماع سے خطاب کرتے ہوئے کہا کہ پاکستان کی خودمختاری پر کوئی سمجھوتہ نہیں کیا جائے گا اور قوم کو متحد رہنا ہوگا تاکہ ترقی کا سفر جاری رہے۔ کراچی کی عوام نے حکومت کی پالیسیوں کے خلاف احتجاج کیا اور کہا کہ موجودہ حالات میں ملک کی معیشت شدید دباؤ کا شکار ہے جبکہ وزیراعظم عمران خان نے عوامی اجتماع سے خطاب کرتے ہوئے کہا کہ پاکستان کی خودمختاری پر کوئی سمجھوتہ نہیں کیا جائے گا اور قوم کو متحد رہنا ہوگا تاکہ ترقی کا سفر جاری رہے۔ کراچی کی عوام نے حکومت کی پالیسیوں کے خلاف احتجاج کیا اور کہا کہ موجودہ حالات میں ملک کی معیشت شدید دباؤ کا شکار ہے جبکہ وزیراعظم عمران خان نے عوامی اجتماع سے خطاب کرتے ہوئے کہا کہ پاکستان کی خودمختاری پر کوئی سمجھوتہ نہیں کیا جائے گا اور قوم کو متحد رہنا ہوگا تاکہ ترقی کا سفر جاری رہے۔ کراچی کی عوام نے حکومت کی پالیسیوں کے خلاف احتجاج کیا اور کہا کہ موجودہ حالات میں ملک کی معیشت شدید دباؤ کا شکار ہے جبکہ وزیراعظم عمران خان نے عوامی اجتماع سے خطاب کرتے ہوئے کہا کہ پاکستان کی خودمختاری پر کوئی سمجھوتہ نہیں کیا جائے گا اور قوم کو متحد رہنا ہوگا تاکہ ترقی کا سفر جاری رہے۔ کراچی کی عوام نے حکومت کی پالیسیوں کے خلاف احتجاج کیا اور کہا کہ موجودہ حالات میں ملک کی معیشت شدید دباؤ کا شکار ہے جبکہ وزیراعظم عمران خان نے عوامی اجتماع سے خطاب کرتے ہوئے کہا کہ پاکستان کی خودمختاری پر کوئی سمجھوتہ نہیں کیا جائے گا اور قوم کو متحد رہنا ہوگا تاکہ ترقی کا سفر جاری رہے۔ کراچی کی عوام نے حکومت کی پالیسیوں کے خلاف احتجاج کیا اور کہا کہ موجودہ حالات میں ملک کی معیشت شدید دباؤ کا شکار ہے جبکہ وزیراعظم عمران خان نے عوامی اجتماع سے خطاب کرتے ہوئے کہا کہ پاکستان کی خودمختاری پر کوئی سمجھوتہ نہیں کیا جائے گا اور قوم کو متحد رہنا ہوگا تاکہ ترقی کا سفر جاری رہے۔ کراچی کی عوام نے حکومت کی پالیسیوں کے خلاف احتجاج کیا اور کہا کہ موجودہ حالات میں ملک کی معیشت شدید دباؤ کا شکار ہے جبکہ وزیراعظم عمران خان نے عوامی اجتماع سے خطاب کرتے ہوئے کہا کہ پاکستان کی خودمختاری پر کوئی سمجھوتہ نہیں کیا جائے گا اور قوم کو متحد رہنا ہوگا تاکہ ترقی کا سفر جاری رہے۔ کراچی کی عوام نے حکومت کی پالیسیوں کے خلاف احتجاج کیا اور کہا کہ موجودہ حالات میں ملک کی معیشت شدید دباؤ کا شکار ہے جبکہ وزیراعظم عمران خان نے عوامی اجتماع سے خطاب کرتے ہوئے کہا کہ پاکستان کی خودمختاری پر کوئی سمجھوتہ نہیں کیا جائے گا اور قوم کو متحد رہنا ہوگا تاکہ ترقی کا سفر جاری رہے۔
13
بیتیمبر
کراچی کی عوام نے حکومت کی پالیسیوں کے خلاف احتجاج کیا اور کہا کہ موجودہ حالات میں ملک کی معیشت شدید دباؤ کا شکار ہے جبکہ وزیراعظم عمران خان نے عوامی اجتماع سے خطاب کرتے ہوئے کہا کہ پاکستان کی خودمختاری پر کوئی سمجھوتہ نہیں کیا جائے گا اور قوم کو متحد رہنا ہوگا تاکہ ترقی کا سفر جاری رہے۔ کراچی کی عوام نے حکومت کی پالیسیوں کے خلاف احتجاج کیا اور کہا کہ موجودہ حالات میں ملک کی معیشت شدید دباؤ کا شکار ہے جبکہ وزیراعظم عمران خان نے عوامی اجتماع سے خطاب کرتے ہوئے کہا کہ پاکستان کی خودمختاری پر کوئی سمجھوتہ نہیں کیا جائے گا اور قوم کو متحد رہنا ہوگا تاکہ ترقی کا سفر جاری رہے۔ کراچی کی عوام نے حکومت کی پالیسیوں کے خلاف احتجاج کیا اور کہا کہ موجودہ حالات میں ملک کی معیشت شدید دباؤ کا شکار ہے جبکہ وزیراعظم عمران خان نے عوامی اجتماع سے خطاب کرتے ہوئے کہا کہ پاکستان کی خودمختاری پر کوئی سمجھوتہ نہیں کیا جائے گا اور قوم کو متحد رہنا ہوگا تاکہ ترقی کا سفر جاری رہے۔ کراچی کی عوام نے حکومت کی پالیسیوں کے خلاف احتجاج کیا اور کہا کہ موجودہ حالات میں ملک کی معیشت شدید دباؤ کا شکار ہے جبکہ وزیراعظم عمران خان نے عوامی اجتماع سے خطاب کرتے ہوئے کہا کہ پاکستان کی خودمختاری پر کوئی سمجھوتہ نہیں کیا جائے گا اور قوم کو متحد رہنا ہوگا تاکہ ترقی کا سفر جاری رہے۔
14
بیتیمبر
کراچی کی عوام نے حکومت کی پالیسیوں کے خلاف احتجاج کیا اور کہا کہ موجودہ حالات میں ملک کی معیشت شدید دباؤ کا شکار ہے جبکہ وزیراعظم عمران خان نے عوامی اجتماع سے خطاب کرتے ہوئے کہا کہ پاکستان کی خودمختاری پر کوئی سمجھوتہ نہیں کیا جائے گا اور قوم کو متحد رہنا ہوگا تاکہ ترقی کا سفر جاری رہے۔ کراچی کی عوام نے حکومت کی پالیسیوں کے خلاف احتجاج کیا اور کہا کہ موجودہ حالات میں ملک کی معیشت شدید دباؤ کا شکار ہے جبکہ وزیراعظم عمران خان نے عوامی اجتماع سے خطاب کرتے ہوئے کہا کہ پاکستان کی خودمختاری پر کوئی سمجھوتہ نہیں کیا جائے گا اور قوم کو متحد رہنا ہوگا تاکہ ترقی کا سفر جاری رہے۔ کراچی کی عوام نے حکومت کی پالیسیوں کے خلاف احتجاج کیا اور کہا کہ موجودہ حالات میں ملک کی معیشت شدید دباؤ کا شکار ہے جبکہ وزیراعظم عمران خان نے عوامی اجتماع سے خطاب کرتے ہوئے کہا کہ پاکستان کی خودمختاری پر کوئی سمجھوتہ نہیں کیا جائے گا اور قوم کو متحد رہنا ہوگا تاکہ ترقی کا سفر جاری رہے۔ کراچی کی عوام نے حکومت کی پالیسیوں کے خلاف احتجاج کیا اور کہا کہ موجودہ حالات میں ملک کی معیشت شدید دباؤ کا شکار ہے جبکہ وزیراعظم عمران خان نے عوامی اجتماع سے خطاب کرتے ہوئے کہا کہ پاکستان کی خودمختاری پر کوئی سمجھوتہ نہیں کیا جائے گا اور قوم کو متحد رہنا ہوگا تاکہ ترقی کا سفر جاری رہے۔ کراچی کی عوام نے حکومت کی پالیسیوں کے خلاف احتجاج کیا اور کہا کہ موجودہ حالات میں ملک کی معیشت شدید دباؤ کا شکار ہے جبکہ وزیراعظم عمران خان نے عوامی اجتماع سے خطاب کرتے ہوئے کہا کہ پاکستان کی خودمختاری پر کوئی سمجھوتہ نہیں کیا جائے گا اور قوم کو متحد رہنا ہوگا تاکہ ترقی کا سفر جاری رہے۔ کراچی کی عوام نے حکومت کی پالیسیوں کے خلاف احتجاج کیا اور کہا کہ موجودہ حالات میں ملک کی معیشت شدید دباؤ کا شکار ہے جبکہ وزیراعظم عمران خان نے عوامی اجتماع سے خطاب کرتے ہوئے کہا کہ پاکستان کی خودمختاری پر کوئی سمجھوتہ نہیں کیا جائے گا اور قوم کو متحد رہنا ہوگا تاکہ ترقی کا سفر جاری رہے۔
15
بیتیمبر
کراچی کی عوام نے حکومت کی پالیسیوں کے خلاف احتجاج کیا اور کہا کہ موجودہ حالات میں ملک کی معیشت شدید دباؤ کا شکار ہے جبکہ وزیراعظم عمران خان نے عوامی اجتماع سے خطاب کرتے ہوئے کہا کہ پاکستان کی خودمختاری پر کوئی سمجھوتہ نہیں کیا جائے گا اور قوم کو متحد رہنا ہوگا تاکہ ترقی کا سفر جاری رہے۔ کراچی کی عوام نے حکومت کی پالیسیوں کے خلاف احتجاج کیا اور کہا کہ موجودہ حالات میں ملک کی معیشت شدید دباؤ کا شکار ہے جبکہ وزیراعظم عمران خان نے عوامی اجتماع سے خطاب کرتے ہوئے کہا کہ پاکستان کی خودمختاری پر کوئی سمجھوتہ نہیں کیا جائے گا اور قوم کو متحد رہنا ہوگا تاکہ ترقی کا سفر جاری رہے۔ کراچی کی عوام نے حکومت کی پالیسیوں کے خلاف احتجاج کیا اور کہا کہ موجودہ حالات میں ملک کی معیشت شدید دباؤ کا شکار ہے جبکہ وزیراعظم عمران خان نے عوامی اجتماع سے خطاب کرتے ہوئے کہا کہ پاکستان کی خودمختاری پر کوئی سمجھوتہ نہیں کیا جائے گا اور قوم کو متحد رہنا ہوگا تاکہ ترقی کا سفر جاری رہے۔
16
بیتیمبر
کراچی کی عوام نے حکومت کی پالیسیوں کے خلاف احتجاج کیا اور کہا کہ موجودہ حالات میں ملک کی معیشت شدید دباؤ کا شکار ہے جبکہ وزیراعظم عمران خان نے عوامی اجتماع سے خطاب کرتے ہوئے کہا کہ پاکستان کی خودمختاری پر کوئی سمجھوتہ نہیں کیا جائے گا اور قوم کو متحد رہنا ہوگا تاکہ ترقی کا سفر جاری رہے۔ کراچی کی عوام نے حکومت کی پالیسیوں کے خلاف احتجاج کیا اور کہا کہ موجودہ حالات میں ملک کی معیشت شدید دباؤ کا شکار ہے جبکہ وزیراعظم عمران خان نے عوامی اجتماع سے خطاب کرتے ہوئے کہا کہ پاکستان کی خودمختاری پر کوئی سمجھوتہ نہیں کیا جائے گا اور قوم کو متحد رہنا ہوگا تاکہ ترقی کا سفر جاری رہے۔ کراچی کی عوام نے حکومت کی پالیسیوں کے خلاف احتجاج کیا اور کہا کہ موجودہ حالات میں ملک کی معیشت شدید دباؤ کا شکار ہے جبکہ وزیراعظم عمران خان نے عوامی اجتماع سے خطاب کرتے ہوئے کہا کہ پاکستان کی خودمختاری پر کوئی سمجھوتہ نہیں کیا جائے گا اور قوم کو متحد رہنا ہوگا تاکہ ترقی کا سفر جاری رہے۔ کراچی کی عوام نے حکومت کی پالیسیوں کے خلاف احتجاج کیا اور کہا کہ موجودہ حالات میں ملک کی معیشت شدید دباؤ کا شکار ہے جبکہ وزیراعظم عمران خان نے عوامی اجتماع سے خطاب کرتے ہوئے کہا کہ پاکستان کی خودمختاری پر کوئی سمجھوتہ نہیں کیا جائے گا اور قوم کو متحد رہنا ہوگا تاکہ ترقی کا سفر جاری رہے۔
17
بیتیمبر
کراچی کی عوام نے حکومت کی پالیسیوں کے خلاف احتجاج کیا اور کہا کہ موجودہ حالات میں ملک کی معیشت شدید دباؤ کا شکار ہے جبکہ وزیراعظم عمران خان نے عوامی اجتماع سے خطاب کرتے ہوئے کہا کہ پاکستان کی خودمختاری پر کوئی سمجھوتہ نہیں کیا جائے گا اور قوم کو متحد رہنا ہوگا تاکہ ترقی کا سفر جاری رہے۔ کراچی کی عوام نے حکومت کی پالیسیوں کے خلاف احتجاج کیا اور کہا کہ موجودہ حالات میں ملک کی معیشت شدید دباؤ کا شکار ہے جبکہ وزیراعظم عمران خان نے عوامی اجتماع سے خطاب کرتے ہوئے کہا کہ پاکستان کی خودمختاری پر کوئی سمجھوتہ نہیں کیا جائے گا اور قوم کو متحد رہنا ہوگا تاکہ ترقی کا سفر جاری رہے۔ کراچی کی عوام نے حکومت کی پالیسیوں کے خلاف احتجاج کیا اور کہا کہ موجودہ حالات میں ملک کی معیشت شدید دباؤ کا شکار ہے جبکہ وزیراعظم عمران خان نے عوامی اجتماع سے خطاب کرتے ہوئے کہا کہ پاکستان کی خودمختاری پر کوئی سمجھوتہ نہیں کیا جائے گا اور قوم کو متحد رہنا ہوگا تاکہ ترقی کا سفر جاری رہے۔ کراچی کی عوام نے حکومت کی پالیسیوں کے خلاف احتجاج کیا اور کہا کہ موجودہ حالات میں ملک کی معیشت شدید دباؤ کا شکار ہے جبکہ وزیراعظم عمران خان نے عوامی اجتماع سے خطاب کرتے ہوئے کہا کہ پاکستان کی خودمختاری پر کوئی سمجھوتہ نہیں کیا جائے گا اور قوم کو متحد رہنا ہوگا تاکہ ترقی کا سفر جاری رہے۔ کراچی کی عوام نے حکومت کی پالیسیوں کے خلاف احتجاج کیا اور کہا کہ موجودہ حالات میں ملک کی معیشت شدید دباؤ کا شکار ہے جبکہ وزیراعظم عمران خان نے عوامی اجتماع سے خطاب کرتے ہوئے کہا کہ پاکستان کی خودمختاری پر کوئی سمجھوتہ نہیں کیا جائے گا اور قوم کو متحد رہنا ہوگا تاکہ ترقی کا سفر جاری رہے۔ کراچی کی عوام نے حکومت کی پالیسیوں کے خلاف احتجاج کیا اور کہا کہ موجودہ حالات میں ملک کی معیشت شدید دباؤ کا شکار ہے جبکہ وزیراعظم عمران خان نے عوامی اجتماع سے خطاب کرتے ہوئے کہا کہ پاکستان کی خودمختاری پر کوئی سمجھوتہ نہیں کیا جائے گا اور قوم کو متحد رہنا ہوگا تاکہ ترقی کا سفر جاری رہے۔ کراچی کی عوام نے حکومت کی پالیسیوں کے خلاف احتجاج کیا اور کہا کہ موجودہ حالات میں ملک کی معیشت شدید دباؤ کا شکار ہے جبکہ وزیراعظم عمران خان نے عوامی اجتماع سے خطاب کرتے ہوئے کہا کہ پاکستان کی خودمختاری پر کوئی سمجھوتہ نہیں کیا جائے گا اور قوم کو متحد رہنا ہوگا تاکہ ترقی کا سفر جاری رہے۔ کراچی کی عوام نے حکومت کی پالیسیوں کے خلاف احتجاج کیا اور کہا کہ موجودہ حالات میں ملک کی معیشت شدید دباؤ کا شکار ہے جبکہ وزیراعظم عمران خان نے عوامی اجتماع سے خطاب کرتے ہوئے کہا کہ پاکستان کی خودمختاری پر کوئی سمجھوتہ نہیں کیا جائے گا اور قوم کو متحد رہنا ہوگا تاکہ ترقی کا سفر جاری رہے۔ کراچی کی عوام نے حکومت کی پالیسیوں کے خلاف احتجاج کیا اور کہا کہ موجودہ حالات میں ملک کی معیشت شدید دباؤ کا شکار ہے جبکہ وزیراعظم عمران خان نے عوامی اجتماع سے خطاب کرتے ہوئے کہا کہ پاکستان کی خودمختاری پر کوئی سمجھوتہ نہیں کیا جائے گا اور قوم کو متحد رہنا ہوگا تاکہ ترقی کا سفر جاری رہے۔
18
بیتیمبر
کراچی کی عوام نے حکومت کی پالیسیوں کے خلاف احتجاج کیا اور کہا کہ موجودہ حالات میں ملک کی معیشت شدید دباؤ کا شکار ہے جبکہ وزیراعظم عمران خان نے عوامی اجتماع سے خطاب کرتے ہوئے کہا کہ پاکستان کی خودمختاری پر کوئی سمجھوتہ نہیں کیا جائے گا اور قوم کو متحد رہنا ہوگا تاکہ ترقی کا سفر جاری رہے۔ کراچی کی عوام نے حکومت کی پالیسیوں کے خلاف احتجاج کیا اور کہا کہ موجودہ حالات میں ملک کی معیشت شدید دباؤ کا شکار ہے جبکہ وزیراعظم عمران خان نے عوامی اجتماع سے خطاب کرتے ہوئے کہا کہ پاکستان کی خودمختاری پر کوئی سمجھوتہ نہیں کیا جائے گا اور قوم کو متحد رہنا ہوگا تاکہ ترقی کا سفر جاری رہے۔ کراچی کی عوام نے حکومت کی پالیسیوں کے خلاف احتجاج کیا اور کہا کہ موجودہ حالات میں ملک کی معیشت شدید دباؤ کا شکار ہے جبکہ وزیراعظم عمران خان نے عوامی اجتماع سے خطاب کرتے ہوئے کہا کہ پاکستان کی خودمختاری پر کوئی سمجھوتہ نہیں کیا جائے گا اور قوم کو متحد رہنا ہوگا تاکہ ترقی کا سفر جاری رہے۔ کراچی کی عوام نے حکومت کی پالیسیوں کے خلاف احتجاج کیا اور کہا کہ موجودہ حالات میں ملک کی معیشت شدید دباؤ کا شکار ہے جبکہ وزیراعظم عمران خان نے عوامی اجتماع سے خطاب کرتے ہوئے کہا کہ پاکستان کی خودمختاری پر کوئی سمجھوتہ نہیں کیا جائے گا اور قوم کو متحد رہنا ہوگا تاکہ ترقی کا سفر جاری رہے۔
19
بیتیمبر
کراچی کی عوام نے حکومت کی پالیسیوں کے خلاف احتجاج کیا اور کہا کہ موجودہ حالات میں ملک کی معیشت شدید دباؤ کا شکار ہے جبکہ وزیراعظم عمران خان نے عوامی اجتماع سے خطاب کرتے ہوئے کہا کہ پاکستان کی خودمختاری پر کوئی سمجھوتہ نہیں کیا جائے گا اور قوم کو متحد رہنا ہوگا تاکہ ترقی کا سفر جاری رہے۔ کراچی کی عوام نے حکومت کی پالیسیوں کے خلاف احتجاج کیا اور کہا کہ موجودہ حالات میں ملک کی معیشت شدید دباؤ کا شکار ہے جبکہ وزیراعظم عمران خان نے عوامی اجتماع سے خطاب کرتے ہوئے کہا کہ پاکستان کی خودمختاری پر کوئی سمجھوتہ نہیں کیا جائے گا اور قوم کو متحد رہنا ہوگا تاکہ ترقی کا سفر جاری رہے۔ کراچی کی عوام نے حکومت کی پالیسیوں کے خلاف احتجاج کیا اور کہا کہ موجودہ حالات میں ملک کی معیشت شدید دباؤ کا شکار ہے جبکہ وزیراعظم عمران خان نے عوامی اجتماع سے خطاب کرتے ہوئے کہا کہ پاکستان کی خودمختاری پر کوئی سمجھوتہ نہیں کیا جائے گا اور قوم کو متحد رہنا ہوگا تاکہ ترقی کا سفر جاری رہے۔ کراچی کی عوام نے حکومت کی پالیسیوں کے خلاف احتجاج کیا اور کہا کہ موجودہ حالات میں ملک کی معیشت شدید دباؤ کا شکار ہے جبکہ وزیراعظم عمران خان نے عوامی اجتماع سے خطاب کرتے ہوئے کہا کہ پاکستان کی خودمختاری پر کوئی سمجھوتہ نہیں کیا جائے گا اور قوم کو متحد رہنا ہوگا تاکہ ترقی کا سفر جاری رہے۔ کراچی کی عوام نے حکومت کی پالیسیوں کے خلاف احتجاج کیا اور کہا کہ موجودہ حالات میں ملک کی معیشت شدید دباؤ کا شکار ہے جبکہ وزیراعظم عمران خان نے عوامی اجتماع سے خطاب کرتے ہوئے کہا کہ پاکستان کی خودمختاری پر کوئی سمجھوتہ نہیں کیا جائے گا اور قوم کو متحد رہنا ہوگا تاکہ ترقی کا سفر جاری رہے۔ کراچی کی عوام نے حکومت کی پالیسیوں کے خلاف احتجاج کیا اور کہا کہ موجودہ حالات میں ملک کی معیشت شدید دباؤ کا شکار ہے جبکہ وزیراعظم عمران خان نے عوامی اجتماع سے خطاب کرتے ہوئے کہا کہ پاکستان کی خودمختاری پر کوئی سمجھوتہ نہیں کیا جائے گا اور قوم کو متحد رہنا ہوگا تاکہ ترقی کا سفر جاری رہے۔
20
بیتیمبر
کراچی کی عوام نے حکومت کی پالیسیوں کے خلاف احتجاج کیا اور کہا کہ موجودہ حالات میں ملک کی معیشت شدید دباؤ کا شکار ہے جبکہ وزیراعظم عمران خان نے عوامی اجتماع سے خطاب کرتے ہوئے کہا کہ پاکستان کی خودمختاری پر کوئی سمجھوتہ نہیں کیا جائے گا اور قوم کو متحد رہنا ہوگا تاکہ ترقی کا سفر جاری رہے۔ کراچی کی عوام نے حکومت کی پالیسیوں کے خلاف احتجاج کیا اور کہا کہ موجودہ حالات میں ملک کی معیشت شدید دباؤ کا شکار ہے جبکہ وزیراعظم عمران خان نے عوامی اجتماع سے خطاب کرتے ہوئے کہا کہ پاکستان کی خودمختاری پر کوئی سمجھوتہ نہیں کیا جائے گا اور قوم کو متحد رہنا ہوگا تاکہ ترقی کا سفر جاری رہے۔ کراچی کی عوام نے حکومت کی پالیسیوں کے خلاف احتجاج کیا اور کہا کہ موجودہ حالات میں ملک کی معیشت شدید دباؤ کا شکار ہے جبکہ وزیراعظم عمران خان نے عوامی اجتماع سے خطاب کرتے ہوئے کہا کہ پاکستان کی خودمختاری پر کوئی سمجھوتہ نہیں کیا جائے گا اور قوم کو متحد رہنا ہوگا تاکہ ترقی کا سفر جاری رہے۔
21
بیتیمبر
کراچی کی عوام نے حکومت کی پالیسیوں کے خلاف احتجاج کیا اور کہا کہ موجودہ حالات میں ملک کی معیشت شدید دباؤ کا شکار ہے جبکہ وزیراعظم عمران خان نے عوامی اجتماع سے خطاب کرتے ہوئے کہا کہ پاکستان کی خودمختاری پر کوئی سمجھوتہ نہیں کیا جائے گا اور قوم کو متحد رہنا ہوگا تاکہ ترقی کا سفر جاری رہے۔ کراچی کی عوام نے حکومت کی پالیسیوں کے خلاف احتجاج کیا اور کہا کہ موجودہ حالات میں ملک کی معیشت شدید دباؤ کا شکار ہے جبکہ وزیراعظم عمران خان نے عوامی اجتماع سے خطاب کرتے ہوئے کہا کہ پاکستان کی خودمختاری پر کوئی سمجھوتہ نہیں کیا جائے گا اور قوم کو متحد رہنا ہوگا تاکہ ترقی کا سفر جاری رہے۔ کراچی کی عوام نے حکومت کی پالیسیوں کے خلاف احتجاج کیا اور کہا کہ موجودہ حالات میں ملک کی معیشت شدید دباؤ کا شکار ہے جبکہ وزیراعظم عمران خان نے عوامی اجتماع سے خطاب کرتے ہوئے کہا کہ پاکستان کی خودمختاری پر کوئی سمجھوتہ نہیں کیا جائے گا اور قوم کو متحد رہنا ہوگا تاکہ ترقی کا سفر جاری رہے۔ کراچی کی عوام نے حکومت کی پالیسیوں کے خلاف احتجاج کیا اور کہا کہ موجودہ حالات میں ملک کی معیشت شدید دباؤ کا شکار ہے جبکہ وزیراعظم عمران خان نے عوامی اجتماع سے خطاب کرتے ہوئے کہا کہ پاکستان کی خودمختاری پر کوئی سمجھوتہ نہیں کیا جائے گا اور قوم کو متحد رہنا ہوگا تاکہ ترقی کا سفر جاری رہے۔ کراچی کی عوام نے حکومت کی پالیسیوں کے خلاف احتجاج کیا اور کہا کہ موجودہ حالات میں ملک کی معیشت شدید دباؤ کا شکار ہے جبکہ وزیراعظم عمران خان نے عوامی اجتماع سے خطاب کرتے ہوئے کہا کہ پاکستان کی خودمختاری پر کوئی سمجھوتہ نہیں کیا جائے گا اور قوم کو متحد رہنا ہوگا تاکہ ترقی کا سفر جاری رہے۔
22
بیتیمبر
کراچی کی عوام نے حکومت کی پالیسیوں کے خلاف احتجاج کیا اور کہا کہ موجودہ حالات میں ملک کی معیشت شدید دباؤ کا شکار ہے جبکہ وزیراعظم عمران خان نے عوامی اجتماع سے خطاب کرتے ہوئے کہا کہ پاکستان کی خودمختاری پر کوئی سمجھوتہ نہیں کیا جائے گا اور قوم کو متحد رہنا ہوگا تاکہ ترقی کا سفر جاری رہے۔ کراچی کی عوام نے حکومت کی پالیسیوں کے خلاف احتجاج کیا اور کہا کہ موجودہ حالات میں ملک کی معیشت شدید دباؤ کا شکار ہے جبکہ وزیراعظم عمران خان نے عوامی اجتماع سے خطاب کرتے ہوئے کہا کہ پاکستان کی خودمختاری پر کوئی سمجھوتہ نہیں کیا جائے گا اور قوم کو متحد رہنا ہوگا تاکہ ترقی کا سفر جاری رہے۔ کراچی کی عوام نے حکومت کی پالیسیوں کے خلاف احتجاج کیا اور کہا کہ موجودہ حالات میں ملک کی معیشت شدید دباؤ کا شکار ہے جبکہ وزیراعظم عمران خان نے عوامی اجتماع سے خطاب کرتے ہوئے کہا کہ پاکستان کی خودمختاری پر کوئی سمجھوتہ نہیں کیا جائے گا اور قوم کو متحد رہنا ہوگا تاکہ ترقی کا سفر جاری رہے۔ کراچی کی عوام نے حکومت کی پالیسیوں کے خلاف احتجاج کیا اور کہا کہ موجودہ حالات میں ملک کی معیشت شدید دباؤ کا شکار ہے جبکہ وزیراعظم عمران خان نے عوامی اجتماع سے خطاب کرتے ہوئے کہا کہ پاکستان کی خودمختاری پر کوئی سمجھوتہ نہیں کیا جائے گا اور قوم کو متحد رہنا ہوگا تاکہ ترقی کا سفر جاری رہے۔ کراچی کی عوام نے حکومت کی پالیسیوں کے خلاف احتجاج کیا اور کہا کہ موجودہ حالات میں ملک کی معیشت شدید دباؤ کا شکار ہے جبکہ وزیراعظم عمران خان نے عوامی اجتماع سے خطاب کرتے ہوئے کہا کہ پاکستان کی خودمختاری پر کوئی سمجھوتہ نہیں کیا جائے گا اور قوم کو متحد
24
بیتیمبر
کراچی کی عوام نے حکومت کی پالیسیوں کے خلاف احتجاج کیا اور کہا کہ موجودہ حالات میں ملک کی معیشت شدید دباؤ کا شکار ہے جبکہ وزیراعظم عمران خان نے عوامی اجتماع سے خطاب کرتے ہوئے کہا کہ پاکستان کی خودمختاری پر کوئی سمجھوتہ نہیں کیا جائے گا اور قوم کو متحد رہنا ہوگا تاکہ ترقی کا سفر جاری رہے۔ کراچی کی عوام نے حکومت کی پالیسیوں کے خلاف احتجاج کیا اور کہا کہ موجودہ حالات میں ملک کی معیشت شدید دباؤ کا شکار ہے جبکہ وزیراعظم عمران خان نے عوامی اجتماع سے خطاب کرتے ہوئے کہا کہ پاکستان کی خودمختاری پر کوئی سمجھوتہ نہیں کیا جائے گا اور قوم کو متحد رہنا ہوگا تاکہ ترقی کا سفر جاری رہے۔ کراچی کی عوام نے حکومت کی پالیسیوں کے خلاف احتجاج کیا اور کہا کہ موجودہ حالات میں ملک کی معیشت شدید دباؤ کا شکار ہے جبکہ وزیراعظم عمران خان نے عوامی اجتماع سے خطاب کرتے ہوئے کہا کہ پاکستان کی خودمختاری پر کوئی سمجھوتہ نہیں کیا جائے گا اور قوم کو متحد رہنا ہوگا تاکہ ترقی کا سفر جاری رہے۔ کراچی کی عوام نے حکومت کی پالیسیوں کے خلاف احتجاج کیا اور کہا کہ موجودہ حالات میں ملک کی معیشت شدید دباؤ کا شکار ہے جبکہ وزیراعظم عمران خان نے عوامی اجتماع سے خطاب کرتے ہوئے کہا کہ پاکستان کی خودمختاری پر کوئی سمجھوتہ نہیں کیا جائے گا اور قوم کو متحد رہنا ہوگا تاکہ ترقی کا سفر جاری رہے۔ کراچی کی عوام نے حکومت کی پالیسیوں کے خلاف احتجاج کیا اور کہا کہ موجودہ حالات میں ملک کی معیشت شدید دباؤ کا شکار ہے جبکہ وزیراعظم عمران خان نے عوامی اجتماع سے خطاب کرتے ہوئے کہا کہ پاکستان کی خودمختاری پر کوئی سمجھوتہ نہیں کیا جائے گا اور قوم کو متحد رہنا ہوگا تاکہ ترقی کا سفر جاری رہے۔ کراچی کی عوام نے حکومت کی پالیسیوں کے خلاف احتجاج کیا اور کہا کہ موجودہ حالات میں ملک کی معیشت شدید دباؤ کا شکار ہے جبکہ وزیراعظم عمران خان نے عوامی اجتماع سے خطاب کرتے ہوئے کہا کہ پاکستان کی خودمختاری پر کوئی سمجھوتہ نہیں کیا جائے گا اور قوم کو متحد رہنا ہوگا تاکہ ترقی کا سفر جاری رہے۔ کراچی کی عوام نے حکومت کی پالیسیوں کے خلاف احتجاج کیا اور کہا کہ موجودہ حالات میں ملک کی معیشت شدید دباؤ کا شکار ہے جبکہ وزیراعظم عمران خان نے عوامی اجتماع سے خطاب کرتے ہوئے کہا کہ پاکستان کی خودمختاری پر کوئی سمجھوتہ نہیں کیا جائے گا اور قوم کو متحد رہنا ہوگا تاکہ ترقی کا سفر جاری رہے۔ کراچی کی عوام نے حکومت کی پالیسیوں کے خلاف احتجاج کیا اور کہا کہ موجودہ حالات میں ملک کی معیشت شدید دباؤ کا شکار ہے جبکہ وزیراعظم عمران خان نے عوامی اجتماع سے خطاب کرتے ہوئے کہا کہ پاکستان کی خودمختاری پر کوئی سمجھوتہ نہیں کیا جائے گا اور قوم کو متحد رہنا ہوگا تاکہ ترقی کا سفر جاری رہے۔ کراچی کی عوام نے حکومت کی پالیسیوں کے خلاف احتجاج کیا اور کہا کہ موجودہ حالات میں ملک کی معیشت شدید دباؤ کا شکار ہے جبکہ وزیراعظم عمران خان نے عوامی اجتماع سے خطاب کرتے ہوئے کہا کہ پاکستان کی خودمختاری پر کوئی سمجھوتہ نہیں کیا جائے گا اور قوم کو متحد رہنا ہوگا تاکہ ترقی کا سفر جاری رہے۔
25
بیتیمبر
کراچی کی عوام نے حکومت کی پالیسیوں کے خلاف احتجاج کیا اور کہا کہ موجودہ حالات میں ملک کی معیشت شدید دباؤ کا شکار ہے جبکہ وزیراعظم عمران خان نے عوامی اجتماع سے خطاب کرتے ہوئے کہا کہ پاکستان کی خودمختاری پر کوئی سمجھوتہ نہیں کیا جائے گا اور قوم کو متحد رہنا ہوگا تاکہ ترقی کا سفر جاری رہے۔ کراچی کی عوام نے حکومت کی پالیسیوں کے خلاف احتجاج کیا اور کہا کہ موجودہ حالات میں ملک کی معیشت شدید دباؤ کا شکار ہے جبکہ وزیراعظم عمران خان نے عوامی اجتماع سے خطاب کرتے ہوئے کہا کہ پاکستان کی خودمختاری پر کوئی سمجھوتہ نہیں کیا جائے گا اور قوم کو متحد رہنا ہوگا تاکہ ترقی کا سفر جاری رہے۔ کراچی کی عوام نے حکومت کی پالیسیوں کے خلاف احتجاج کیا اور کہا کہ موجودہ حالات میں ملک کی معیشت شدید دباؤ کا شکار ہے جبکہ وزیراعظم عمران خان نے عوامی اجتماع سے خطاب کرتے ہوئے کہا کہ پاکستان کی خودمختاری پر کوئی سمجھوتہ نہیں کیا جائے گا اور قوم کو متحد رہنا ہوگا تاکہ ترقی کا سفر جاری رہے۔ کراچی کی عوام نے حکومت کی پالیسیوں کے خلاف احتجاج کیا اور کہا کہ موجودہ حالات میں ملک کی معیشت شدید دباؤ کا شکار ہے جبکہ وزیراعظم عمران خان نے عوامی اجتماع سے خطاب کرتے ہوئے کہا کہ پاکستان کی خودمختاری پر کوئی سمجھوتہ نہیں کیا جائے گا اور قوم کو متحد رہنا ہوگا تاکہ ترقی کا سفر جاری رہے۔
26
بیتیمبر
کراچی کی عوام نے حکومت کی پالیسیوں کے خلاف احتجاج کیا اور کہا کہ موجودہ حالات میں ملک کی معیشت شدید دباؤ کا شکار ہے جبکہ وزیراعظم عمران خان نے عوامی اجتماع سے خطاب کرتے ہوئے کہا کہ پاکستان کی خودمختاری پر کوئی سمجھوتہ نہیں کیا جائے گا اور قوم کو متحد رہنا ہوگا تاکہ ترقی کا سفر جاری رہے۔ کراچی کی عوام نے حکومت کی پالیسیوں کے خلاف احتجاج کیا اور کہا کہ موجودہ حالات میں ملک کی معیشت شدید دباؤ کا شکار ہے جبکہ وزیراعظم عمران خان نے عوامی اجتماع سے خطاب کرتے ہوئے کہا کہ پاکستان کی خودمختاری پر کوئی سمجھوتہ نہیں کیا جائے گا اور قوم کو متحد رہنا ہوگا تاکہ ترقی کا سفر جاری رہے۔ کراچی کی عوام نے حکومت کی پالیسیوں کے خلاف احتجاج کیا اور کہا کہ موجودہ حالات میں ملک کی معیشت شدید دباؤ کا شکار ہے جبکہ وزیراعظم عمران خان نے عوامی اجتماع سے خطاب کرتے ہوئے کہا کہ پاکستان کی خودمختاری پر کوئی سمجھوتہ نہیں کیا جائے گا اور قوم کو متحد رہنا ہوگا تاکہ ترقی کا سفر جاری رہے۔ کراچی کی عوام نے حکومت کی پالیسیوں کے خلاف احتجاج کیا اور کہا کہ موجودہ حالات میں ملک کی معیشت شدید دباؤ کا شکار ہے جبکہ وزیراعظم عمران خان نے عوامی اجتماع سے خطاب کرتے ہوئے کہا کہ پاکستان کی خودمختاری پر کوئی سمجھوتہ نہیں کیا جائے گا اور قوم کو متحد رہنا ہوگا تاکہ ترقی کا سفر جاری رہے۔ کراچی کی عوام نے حکومت کی پالیسیوں کے خلاف احتجاج کیا اور کہا کہ موجودہ حالات میں ملک کی معیشت شدید دباؤ کا شکار ہے جبکہ وزیراعظم عمران خان نے عوامی اجتماع سے خطاب کرتے ہوئے کہا کہ پاکستان کی خودمختاری پر کوئی سمجھوتہ نہیں کیا جائے گا اور قوم کو متحد رہنا ہوگا تاکہ ترقی کا سفر جاری رہے۔ کراچی کی عوام نے حکومت کی پالیسیوں کے خلاف احتجاج کیا اور کہا کہ موجودہ حالات میں ملک کی معیشت شدید دباؤ کا شکار ہے جبکہ وزیراعظم عمران خان نے عوامی اجتماع سے خطاب کرتے ہوئے کہا کہ پاکستان کی خودمختاری پر کوئی سمجھوتہ نہیں کیا جائے گا اور قوم کو متحد رہنا ہوگا تاکہ ترقی کا سفر جاری رہے۔
27
بیتیمبر
کراچی کی عوام نے حکومت کی پالیسیوں کے خلاف احتجاج کیا اور کہا کہ موجودہ حالات میں ملک کی معیشت شدید دباؤ کا شکار ہے جبکہ وزیراعظم عمران خان نے عوامی اجتماع سے خطاب کرتے ہوئے کہا کہ پاکستان کی خودمختاری پر کوئی سمجھوتہ نہیں کیا جائے گا اور قوم کو متحد رہنا ہوگا تاکہ ترقی کا سفر جاری رہے۔ کراچی کی عوام نے حکومت کی پالیسیوں کے خلاف احتجاج کیا اور کہا کہ موجودہ حالات میں ملک کی معیشت شدید دباؤ کا شکار ہے جبکہ وزیراعظم عمران خان نے عوامی اجتماع سے خطاب کرتے ہوئے کہا کہ پاکستان کی خودمختاری پر کوئی سمجھوتہ نہیں کیا جائے گا اور قوم کو متحد رہنا ہوگا تاکہ ترقی کا سفر جاری رہے۔ کراچی کی عوام نے حکومت کی پالیسیوں کے خلاف احتجاج کیا اور کہا کہ موجودہ حالات میں ملک کی معیشت شدید دباؤ کا شکار ہے جبکہ وزیراعظم عمران خان نے عوامی اجتماع سے خطاب کرتے ہوئے کہا کہ پاکستان کی خودمختاری پر کوئی سمجھوتہ نہیں کیا جائے گا اور قوم کو متحد رہنا ہوگا تاکہ ترقی کا سفر جاری رہے۔
28
بیتیمبر
کراچی کی عوام نے حکومت کی پالیسیوں کے خلاف احتجاج کیا اور کہا کہ موجودہ حالات میں ملک کی معیشت شدید دباؤ کا شکار ہے جبکہ وزیراعظم عمران خان نے عوامی اجتماع سے خطاب کرتے ہوئے کہا کہ پاکستان کی خودمختاری پر کوئی سمجھوتہ نہیں کیا جائے گا اور قوم کو متحد رہنا ہوگا تاکہ ترقی کا سفر جاری رہے۔ کراچی کی عوام نے حکومت کی پالیسیوں کے خلاف احتجاج کیا اور کہا کہ موجودہ حالات میں ملک کی معیشت شدید دباؤ کا شکار ہے جبکہ وزیراعظم عمران خان نے عوامی اجتماع سے خطاب کرتے ہوئے کہا کہ پاکستان کی خودمختاری پر کوئی سمجھوتہ نہیں کیا جائے گا اور قوم کو متحد رہنا ہوگا تاکہ ترقی کا سفر جاری رہے۔ کراچی کی عوام نے حکومت کی پالیسیوں کے خلاف احتجاج کیا اور کہا کہ موجودہ حالات میں ملک کی معیشت شدید دباؤ کا شکار ہے جبکہ وزیراعظم عمران خان نے عوامی اجتماع سے خطاب کرتے ہوئے کہا کہ پاکستان کی خودمختاری پر کوئی سمجھوتہ نہیں کیا جائے گا اور قوم کو متحد رہنا ہوگا تاکہ ترقی کا سفر جاری رہے۔ کراچی کی عوام نے حکومت کی پالیسیوں کے خلاف احتجاج کیا اور کہا کہ موجودہ حالات میں ملک کی معیشت شدید دباؤ کا شکار ہے جبکہ وزیراعظم عمران خان نے عوامی اجتماع سے خطاب کرتے ہوئے کہا کہ پاکستان کی خودمختاری پر کوئی سمجھوتہ نہیں کیا جائے گا اور قوم کو متحد رہنا ہوگا تاکہ ترقی کا سفر جاری رہے۔
29
بیتیمبر
کراچی کی عوام نے حکومت کی پالیسیوں کے خلاف احتجاج کیا اور کہا کہ موجودہ حالات میں ملک کی معیشت شدید دباؤ کا شکار ہے جبکہ وزیراعظم عمران خان نے عوامی اجتماع سے خطاب کرتے ہوئے کہا کہ پاکستان کی خودمختاری پر کوئی سمجھوتہ نہیں کیا جائے گا اور قوم کو متحد رہنا ہوگا تاکہ ترقی کا سفر جاری رہے۔ کراچی کی عوام نے حکومت کی پالیسیوں کے خلاف احتجاج کیا اور کہا کہ موجودہ حالات میں ملک کی معیشت شدید دباؤ کا شکار ہے جبکہ وزیراعظم عمران خان نے عوامی اجتماع سے خطاب کرتے ہوئے کہا کہ پاکستان کی خودمختاری پر کوئی سمجھوتہ نہیں کیا جائے گا اور قوم کو متحد رہنا ہوگا تاکہ ترقی کا سفر جاری رہے۔ کراچی کی عوام نے حکومت کی پالیسیوں کے خلاف احتجاج کیا اور کہا کہ موجودہ حالات میں ملک کی معیشت شدید دباؤ کا شکار ہے جبکہ وزیراعظم عمران خان نے عوامی اجتماع سے خطاب کرتے ہوئے کہا کہ پاکستان کی خودمختاری پر کوئی سمجھوتہ نہیں کیا جائے گا اور قوم کو متحد رہنا ہوگا تاکہ ترقی کا سفر جاری رہے۔ کراچی کی عوام نے حکومت کی پالیسیوں کے خلاف احتجاج کیا اور کہا کہ موجودہ حالات میں ملک کی معیشت شدید دباؤ کا شکار ہے جبکہ وزیراعظم عمران خان نے عوامی اجتماع سے خطاب کرتے ہوئے کہا کہ پاکستان کی خودمختاری پر کوئی سمجھوتہ نہیں کیا جائے گا اور قوم کو متحد رہنا ہوگا تاکہ ترقی کا سفر جاری رہے۔ کراچی کی عوام نے حکومت کی پالیسیوں کے خلاف احتجاج کیا اور کہا کہ موجودہ حالات میں ملک کی معیشت شدید دباؤ کا شکار ہے جبکہ وزیراعظم عمران خان نے عوامی اجتماع سے خطاب کرتے ہوئے کہا کہ پاکستان کی خودمختاری پر کوئی سمجھوتہ نہیں کیا جائے گا اور قوم کو متحد رہنا ہوگا تاکہ ترقی کا سفر جاری رہے۔ کراچی کی عوام نے حکومت کی پالیسیوں کے خلاف احتجاج کیا اور کہا کہ موجودہ حالات میں ملک کی معیشت شدید دباؤ کا شکار ہے جبکہ وزیراعظم عمران خان نے عوامی اجتماع سے خطاب کرتے ہوئے کہا کہ پاکستان کی خودمختاری پر کوئی سمجھوتہ نہیں کیا جائے گا اور قوم کو متحد رہنا ہوگا تاکہ ترقی کا سفر جاری رہے۔
30
بیتیمبر
کراچی کی عوام نے حکومت کی پالیسیوں کے خلاف احتجاج کیا اور کہا کہ موجودہ حالات میں ملک کی معیشت شدید دباؤ کا شکار ہے جبکہ وزیراعظم عمران خان نے عوامی اجتماع سے خطاب کرتے ہوئے کہا کہ پاکستان کی خودمختاری پر کوئی سمجھوتہ نہیں کیا جائے گا اور قوم کو متحد رہنا ہوگا تاکہ ترقی کا سفر جاری رہے۔ کراچی کی عوام نے حکومت کی پالیسیوں کے خلاف احتجاج کیا اور کہا کہ موجودہ حالات میں ملک کی معیشت شدید دباؤ کا شکار ہے جبکہ وزیراعظم عمران خان نے عوامی اجتماع سے خطاب کرتے ہوئے کہا کہ پاکستان کی خودمختاری پر کوئی سمجھوتہ نہیں کیا جائے گا اور قوم کو متحد رہنا ہوگا تاکہ ترقی کا سفر جاری رہے۔ کراچی کی عوام نے حکومت کی پالیسیوں کے خلاف احتجاج کیا اور کہا کہ موجودہ حالات میں ملک کی معیشت شدید دباؤ کا شکار ہے جبکہ وزیراعظم عمران خان نے عوامی اجتماع سے خطاب کرتے ہوئے کہا کہ پاکستان کی خودمختاری پر کوئی سمجھوتہ نہیں کیا جائے گا اور قوم کو متحد رہنا ہوگا تاکہ ترقی کا سفر جاری رہے۔
31
بیتیمبر
کراچی کی عوام نے حکومت کی پالیسیوں کے خلاف احتجاج کیا اور کہا کہ موجودہ حالات میں ملک کی معیشت شدید دباؤ کا شکار ہے جبکہ وزیراعظم عمران خان نے عوامی اجتماع سے خطاب کرتے ہوئے کہا کہ پاکستان کی خودمختاری پر کوئی سمجھوتہ نہیں کیا جائے گا اور قوم کو متحد رہنا ہوگا تاکہ ترقی کا سفر جاری رہے۔ کراچی کی عوام نے حکومت کی پالیسیوں کے خلاف احتجاج کیا اور کہا کہ موجودہ حالات میں ملک کی معیشت شدید دباؤ کا شکار ہے جبکہ وزیراعظم عمران خان نے عوامی اجتماع سے خطاب کرتے ہوئے کہا کہ پاکستان کی خودمختاری پر کوئی سمجھوتہ نہیں کیا جائے گا اور قوم کو متحد رہنا ہوگا تاکہ ترقی کا سفر جاری رہے۔ کراچی کی عوام نے حکومت کی پالیسیوں کے خلاف احتجاج کیا اور کہا کہ موجودہ حالات میں ملک کی معیشت شدید دباؤ کا شکار ہے جبکہ وزیراعظم عمران خان نے عوامی اجتماع سے خطاب کرتے ہوئے کہا کہ پاکستان کی خودمختاری پر کوئی سمجھوتہ نہیں کیا جائے گا اور قوم کو متحد رہنا ہوگا تاکہ ترقی کا سفر جاری رہے۔ کراچی کی عوام نے حکومت کی پالیسیوں کے خلاف احتجاج کیا اور کہا کہ موجودہ حالات میں ملک کی معیشت شدید دباؤ کا شکار ہے جبکہ وزیراعظم عمران خان نے عوامی اجتماع سے خطاب کرتے ہوئے کہا کہ پاکستان کی خودمختاری پر کوئی سمجھوتہ نہیں کیا جائے گا اور قوم کو متحد رہنا ہوگا تاکہ ترقی کا سفر جاری رہے۔ کراچی کی عوام نے حکومت کی پالیسیوں کے خلاف احتجاج کیا اور کہا کہ موجودہ حالات میں ملک کی معیشت شدید دباؤ کا شکار ہے جبکہ وزیراعظم عمران خان نے عوامی اجتماع سے خطاب کرتے ہوئے کہا کہ پاکستان کی خودمختاری پر کوئی سمجھوتہ نہیں کیا جائے گا اور قوم کو متحد رہنا ہوگا تاکہ ترقی کا سفر جاری رہے۔
32
بیتیمبر
کراچی کی عوام نے حکومت کی پالیسیوں کے خلاف احتجاج کیا اور کہا کہ موجودہ حالات میں ملک کی معیشت شدید دباؤ کا شکار ہے جبکہ وزیراعظم عمران خان نے عوامی اجتماع سے خطاب کرتے ہوئے کہا کہ پاکستان کی خودمختاری پر کوئی سمجھوتہ نہیں کیا جائے گا اور قوم کو متحد رہنا ہوگا تاکہ ترقی کا سفر جاری رہے۔ کراچی کی عوام نے حکومت کی پالیسیوں کے خلاف احتجاج کیا اور کہا کہ موجودہ حالات میں ملک کی معیشت شدید دباؤ کا شکار ہے جبکہ وزیراعظم عمران خان نے عوامی اجتماع سے خطاب کرتے ہوئے کہا کہ پاکستان کی خودمختاری پر کوئی سمجھوتہ نہیں کیا جائے گا اور قوم کو متحد رہنا ہوگا تاکہ ترقی کا سفر جاری رہے۔ کراچی کی عوام نے حکومت کی پالیسیوں کے خلاف احتجاج کیا اور کہا کہ موجودہ حالات میں ملک کی معیشت شدید دباؤ کا شکار ہے جبکہ وزیراعظم عمران خان نے عوامی اجتماع سے خطاب کرتے ہوئے کہا کہ پاکستان کی خودمختاری پر کوئی سمجھوتہ نہیں کیا جائے گا اور قوم کو متحد رہنا ہوگا تاکہ ترقی کا سفر جاری رہے۔ کراچی کی عوام نے حکومت کی پالیسیوں کے خلاف احتجاج کیا اور کہا کہ موجودہ حالات میں ملک کی معیشت شدید دباؤ کا شکار ہے جبکہ وزیراعظم عمران خان نے عوامی اجتماع سے خطاب کرتے ہوئے کہا کہ پاکستان کی خودمختاری پر کوئی سمجھوتہ نہیں کیا جائے گا اور قوم کو متحد رہنا ہوگا تاکہ ترقی کا سفر جاری رہے۔ کراچی کی عوام نے حکومت کی پالیسیوں کے خلاف احتجاج کیا اور کہا کہ موجودہ حالات میں ملک کی معیشت شدید دباؤ کا شکار ہے جبکہ وزیراعظم عمران خان نے عوامی اجتماع سے خطاب کرتے ہوئے کہا کہ پاکستان کی خودمختاری پر کوئی سمجھوتہ نہیں کیا جائے گا اور قوم کو متحد رہنا ہوگا تاکہ ترقی کا سفر جاری رہے۔ کراچی کی عوام نے حکومت کی پالیسیوں کے خلاف احتجاج کیا اور کہا کہ موجودہ حالات میں ملک کی معیشت شدید دباؤ کا شکار ہے جبکہ وزیراعظم عمران خان نے عوامی اجتماع سے خطاب کرتے ہوئے کہا کہ پاکستان کی خودمختاری پر کوئی سمجھوتہ نہیں کیا جائے گا اور قوم کو متحد رہنا ہوگا تاکہ ترقی کا سفر جاری رہے۔ کراچی کی عوام نے حکومت کی پالیسیوں کے خلاف احتجاج کیا اور کہا کہ موجودہ حالات میں ملک کی معیشت شدید دباؤ کا شکار ہے جبکہ وزیراعظم عمران خان نے عوامی اجتماع سے خطاب کرتے ہوئے کہا کہ پاکستان کی خودمختاری پر کوئی سمجھوتہ نہیں کیا جائے گا اور قوم کو متحد رہنا ہوگا تاکہ ترقی کا سفر جاری رہے۔
33
بیتیمبر
کراچی کی عوام نے حکومت کی پالیسیوں کے خلاف احتجاج کیا اور کہا کہ موجودہ حالات میں ملک کی معیشت شدید دباؤ کا شکار ہے جبکہ وزیراعظم عمران خان نے عوامی اجتماع سے خطاب کرتے ہوئے کہا کہ پاکستان کی خودمختاری پر کوئی سمجھوتہ نہیں کیا جائے گا اور قوم کو متحد رہنا ہوگا تاکہ ترقی کا سفر جاری رہے۔ کراچی کی عوام نے حکومت کی پالیسیوں کے خلاف احتجاج کیا اور کہا کہ موجودہ حالات میں ملک کی معیشت شدید دباؤ کا شکار ہے جبکہ وزیراعظم عمران خان نے عوامی اجتماع سے خطاب کرتے ہوئے کہا کہ پاکستان کی خودمختاری پر کوئی سمجھوتہ نہیں کیا جائے گا اور قوم کو متحد رہنا ہوگا تاکہ ترقی کا سفر جاری رہے۔ کراچی کی عوام نے حکومت کی پالیسیوں کے خلاف احتجاج کیا اور کہا کہ موجودہ حالات میں ملک کی معیشت شدید دباؤ کا شکار ہے جبکہ وزیراعظم عمران خان نے عوامی اجتماع سے خطاب کرتے ہوئے کہا کہ پاکستان کی خودمختاری پر کوئی سمجھوتہ نہیں کیا جائے گا اور قوم کو متحد رہنا ہوگا تاکہ ترقی کا سفر جاری رہے۔ کراچی کی عوام نے حکومت کی پالیسیوں کے خلاف احتجاج کیا اور کہا کہ موجودہ حالات میں ملک کی معیشت شدید دباؤ کا شکار ہے جبکہ وزیراعظم عمران خان نے عوامی اجتماع سے خطاب کرتے ہوئے کہا کہ پاکستان کی خودمختاری پر کوئی سمجھوتہ نہیں کیا جائے گا اور قوم کو متحد رہنا ہوگا تاکہ ترقی کا سفر جاری رہے۔ کراچی کی عوام نے حکومت کی پالیسیوں کے خلاف احتجاج کیا اور کہا کہ موجودہ حالات میں ملک کی معیشت شدید دباؤ کا شکار ہے جبکہ وزیراعظم عمران خان نے عوامی اجتماع سے خطاب کرتے ہوئے کہا کہ پاکستان کی خودمختاری پر کوئی سمجھوتہ نہیں کیا جائے گا اور قوم کو متحد رہنا ہوگا تاکہ ترقی کا سفر جاری رہے۔ کراچی کی عوام نے حکومت کی پالیسیوں کے خلاف احتجاج کیا اور کہا کہ موجودہ حالات میں ملک کی معیشت شدید دباؤ کا شکار ہے جبکہ وزیراعظم عمران خان نے عوامی اجتماع سے خطاب کرتے ہوئے کہا کہ پاکستان کی خودمختاری پر کوئی سمجھوتہ نہیں کیا جائے گا اور قوم کو متحد رہنا ہوگا تاکہ ترقی کا سفر جاری رہے۔
34
بیتیمبر
کراچی کی عوام نے حکومت کی پالیسیوں کے خلاف احتجاج کیا اور کہا کہ موجودہ حالات میں ملک کی معیشت شدید دباؤ کا شکار ہے جبکہ وزیراعظم عمران خان نے عوامی اجتماع سے خطاب کرتے ہوئے کہا کہ پاکستان کی خودمختاری پر کوئی سمجھوتہ نہیں کیا جائے گا اور قوم کو متحد رہنا ہوگا تاکہ ترقی کا سفر جاری رہے۔ کراچی کی عوام نے حکومت کی پالیسیوں کے خلاف احتجاج کیا اور کہا کہ موجودہ حالات میں ملک کی معیشت شدید دباؤ کا شکار ہے جبکہ وزیراعظم عمران خان نے عوامی اجتماع سے خطاب کرتے ہوئے کہا کہ پاکستان کی خودمختاری پر کوئی سمجھوتہ نہیں کیا جائے گا اور قوم کو متحد رہنا ہوگا تاکہ ترقی کا سفر جاری رہے۔ کراچی کی عوام نے حکومت کی پالیسیوں کے خلاف احتجاج کیا اور کہا کہ موجودہ حالات میں ملک کی معیشت شدید دباؤ کا شکار ہے جبکہ وزیراعظم عمران خان نے عوامی اجتماع سے خطاب کرتے ہوئے کہا کہ پاکستان کی خودمختاری پر کوئی سمجھوتہ نہیں کیا جائے گا اور قوم کو متحد رہنا ہوگا تاکہ ترقی کا سفر جاری رہے۔ کراچی کی عوام نے حکومت کی پالیسیوں کے خلاف احتجاج کیا اور کہا کہ موجودہ حالات میں ملک کی معیشت شدید دباؤ کا شکار ہے جبکہ وزیراعظم عمران خان نے عوامی اجتماع سے خطاب کرتے ہوئے کہا کہ پاکستان کی خودمختاری پر کوئی سمجھوتہ نہیں کیا جائے گا اور قوم کو متحد رہنا ہوگا تاکہ ترقی کا سفر جاری رہے۔
35
بیتیمبر
کراچی کی عوام نے حکومت کی پالیسیوں کے خلاف احتجاج کیا اور کہا کہ موجودہ حالات میں ملک کی معیشت شدید دباؤ کا شکار ہے جبکہ وزیراعظم عمران خان نے
37
بیتیمبر
کراچی کی عوام نے حکومت کی پالیسیوں کے خلاف احتجاج کیا اور کہا کہ موجودہ حالات میں ملک کی معیشت شدید دباؤ کا شکار ہے جبکہ وزیراعظم عمران خان نے عوامی اجتماع سے خطاب کرتے ہوئے کہا کہ پاکستان کی خودمختاری پر کوئی سمجھوتہ نہیں کیا جائے گا اور قوم کو متحد رہنا ہوگا تاکہ ترقی کا سفر جاری رہے۔ کراچی کی عوام نے حکومت کی پالیسیوں کے خلاف احتجاج کیا اور کہا کہ موجودہ حالات میں ملک کی معیشت شدید دباؤ کا شکار ہے جبکہ وزیراعظم عمران خان نے عوامی اجتماع سے خطاب کرتے ہوئے کہا کہ پاکستان کی خودمختاری پر کوئی سمجھوتہ نہیں کیا جائے گا اور قوم کو متحد رہنا ہوگا تاکہ ترقی کا سفر جاری رہے۔ کراچی کی عوام نے حکومت کی پالیسیوں کے خلاف احتجاج کیا اور کہا کہ موجودہ حالات میں ملک کی معیشت شدید دباؤ کا شکار ہے جبکہ وزیراعظم عمران خان نے عوامی اجتماع سے خطاب کرتے ہوئے کہا کہ پاکستان کی خودمختاری پر کوئی سمجھوتہ نہیں کیا جائے گا اور قوم کو متحد رہنا ہوگا تاکہ ترقی کا سفر جاری رہے۔ کراچی کی عوام نے حکومت کی پالیسیوں کے خلاف احتجاج کیا اور کہا کہ موجودہ حالات میں ملک کی معیشت شدید دباؤ کا شکار ہے جبکہ وزیراعظم عمران خان نے عوامی اجتماع سے خطاب کرتے ہوئے کہا کہ پاکستان کی خودمختاری پر کوئی سمجھوتہ نہیں کیا جائے گا اور قوم کو متحد رہنا ہوگا تاکہ ترقی کا سفر جاری رہے۔ کراچی کی عوام نے حکومت کی پالیسیوں کے خلاف احتجاج کیا اور کہا کہ موجودہ حالات میں ملک کی معیشت شدید دباؤ کا شکار ہے جبکہ وزیراعظم عمران خان نے عوامی اجتماع سے خطاب کرتے ہوئے کہا کہ پاکستان کی خودمختاری پر کوئی سمجھوتہ نہیں کیا جائے گا اور قوم کو متحد رہنا ہوگا تاکہ ترقی کا سفر جاری رہے۔ کراچی کی عوام نے حکومت کی پالیسیوں کے خلاف احتجاج کیا اور کہا کہ موجودہ حالات میں ملک کی معیشت شدید دباؤ کا شکار ہے جبکہ وزیراعظم عمران خان نے عوامی اجتماع سے خطاب کرتے ہوئے کہا کہ پاکستان کی خودمختاری پر کوئی سمجھوتہ نہیں کیا جائے گا اور قوم کو متحد رہنا ہوگا تاکہ ترقی کا سفر جاری رہے۔
38
بیتیمبر
کراچی کی عوام نے حکومت کی پالیسیوں کے خلاف احتجاج کیا اور کہا کہ موجودہ حالات میں ملک کی معیشت شدید دباؤ کا شکار ہے جبکہ وزیراعظم عمران خان نے عوامی اجتماع سے خطاب کرتے ہوئے کہا کہ پاکستان کی خودمختاری پر کوئی سمجھوتہ نہیں کیا جائے گا اور قوم کو متحد رہنا ہوگا تاکہ ترقی کا سفر جاری رہے۔ کراچی کی عوام نے حکومت کی پالیسیوں کے خلاف احتجاج کیا اور کہا کہ موجودہ حالات میں ملک کی معیشت شدید دباؤ کا شکار ہے جبکہ وزیراعظم عمران خان نے عوامی اجتماع سے خطاب کرتے ہوئے کہا کہ پاکستان کی خودمختاری پر کوئی سمجھوتہ نہیں کیا جائے گا اور قوم کو متحد رہنا ہوگا تاکہ ترقی کا سفر جاری رہے۔ کراچی کی عوام نے حکومت کی پالیسیوں کے خلاف احتجاج کیا اور کہا کہ موجودہ حالات میں ملک کی معیشت شدید دباؤ کا شکار ہے جبکہ وزیراعظم عمران خان نے عوامی اجتماع سے خطاب کرتے ہوئے کہا کہ پاکستان کی خودمختاری پر کوئی سمجھوتہ نہیں کیا جائے گا اور قوم کو متحد رہنا ہوگا تاکہ ترقی کا سفر جاری رہے۔
39
بیتیمبر
کراچی کی عوام نے حکومت کی پالیسیوں کے خلاف احتجاج کیا اور کہا کہ موجودہ حالات میں ملک کی معیشت شدید دباؤ کا شکار ہے جبکہ وزیراعظم عمران خان نے عوامی اجتماع سے خطاب کرتے ہوئے کہا کہ پاکستان کی خودمختاری پر کوئی سمجھوتہ نہیں کیا جائے گا اور قوم کو متحد رہنا ہوگا تاکہ ترقی کا سفر جاری رہے۔ کراچی کی عوام نے حکومت کی پالیسیوں کے خلاف احتجاج کیا اور کہا کہ موجودہ حالات میں ملک کی معیشت شدید دباؤ کا شکار ہے جبکہ وزیراعظم عمران خان نے عوامی اجتماع سے خطاب کرتے ہوئے کہا کہ پاکستان کی خودمختاری پر کوئی سمجھوتہ نہیں کیا جائے گا اور قوم کو متحد رہنا ہوگا تاکہ ترقی کا سفر جاری رہے۔ کراچی کی عوام نے حکومت کی پالیسیوں کے خلاف احتجاج کیا اور کہا کہ موجودہ حالات میں ملک کی معیشت شدید دباؤ کا شکار ہے جبکہ وزیراعظم عمران خان نے عوامی اجتماع سے خطاب کرتے ہوئے کہا کہ پاکستان کی خودمختاری پر کوئی سمجھوتہ نہیں کیا جائے گا اور قوم کو متحد رہنا ہوگا تاکہ ترقی کا سفر جاری رہے۔ کراچی کی عوام نے حکومت کی پالیسیوں کے خلاف احتجاج کیا اور کہا کہ موجودہ حالات میں ملک کی معیشت شدید دباؤ کا شکار ہے جبکہ وزیراعظم عمران خان نے عوامی اجتماع سے خطاب کرتے ہوئے کہا کہ پاکستان کی خودمختاری پر کوئی سمجھوتہ نہیں کیا جائے گا اور قوم کو متحد رہنا ہوگا تاکہ ترقی کا سفر جاری رہے۔ کراچی کی عوام نے حکومت کی پالیسیوں کے خلاف احتجاج کیا اور کہا کہ موجودہ حالات میں ملک کی معیشت شدید دباؤ کا شکار ہے جبکہ وزیراعظم عمران خان نے عوامی اجتماع سے خطاب کرتے ہوئے کہا کہ پاکستان کی خودمختاری پر کوئی سمجھوتہ نہیں کیا جائے گا اور قوم کو متحد رہنا ہوگا تاکہ ترقی کا سفر جاری رہے۔
40
بیتیمبر
کراچی کی عوام نے حکومت کی پالیسیوں کے خلاف احتجاج کیا اور کہا کہ موجودہ حالات میں ملک کی معیشت شدید دباؤ کا شکار ہے جبکہ وزیراعظم عمران خان نے عوامی اجتماع سے خطاب کرتے ہوئے کہا کہ پاکستان کی خودمختاری پر کوئی سمجھوتہ نہیں کیا جائے گا اور قوم کو متحد رہنا ہوگا تاکہ ترقی کا سفر جاری رہے۔ کراچی کی عوام نے حکومت کی پالیسیوں کے خلاف احتجاج کیا اور کہا کہ موجودہ حالات میں ملک کی معیشت شدید دباؤ کا شکار ہے جبکہ وزیراعظم عمران خان نے عوامی اجتماع سے خطاب کرتے ہوئے کہا کہ پاکستان کی خودمختاری پر کوئی سمجھوتہ نہیں کیا جائے گا اور قوم کو متحد رہنا ہوگا تاکہ ترقی کا سفر جاری رہے۔ کراچی کی عوام نے حکومت کی پالیسیوں کے خلاف احتجاج کیا اور کہا کہ موجودہ حالات میں ملک کی معیشت شدید دباؤ کا شکار ہے جبکہ وزیراعظم عمران خان نے عوامی اجتماع سے خطاب کرتے ہوئے کہا کہ پاکستان کی خودمختاری پر کوئی سمجھوتہ نہیں کیا جائے گا اور قوم کو متحد رہنا ہوگا تاکہ ترقی کا سفر جاری رہے۔ کراچی کی عوام نے حکومت کی پالیسیوں کے خلاف احتجاج کیا اور کہا کہ موجودہ حالات میں ملک کی معیشت شدید دباؤ کا شکار ہے جبکہ وزیراعظم عمران خان نے عوامی اجتماع سے خطاب کرتے ہوئے کہا کہ پاکستان کی خودمختاری پر کوئی سمجھوتہ نہیں کیا جائے گا اور قوم کو متحد رہنا ہوگا تاکہ ترقی کا سفر جاری رہے۔ کراچی کی عوام نے حکومت کی پالیسیوں کے خلاف احتجاج کیا اور کہا کہ موجودہ حالات میں ملک کی معیشت شدید دباؤ کا شکار ہے جبکہ وزیراعظم عمران خان نے عوامی اجتماع سے خطاب کرتے ہوئے کہا کہ پاکستان کی خودمختاری پر کوئی سمجھوتہ نہیں کیا جائے گا اور قوم کو متحد رہنا ہوگا تاکہ ترقی کا سفر جاری رہے۔ کراچی کی عوام نے حکومت کی پالیسیوں کے خلاف احتجاج کیا اور کہا کہ موجودہ حالات میں ملک کی معیشت شدید دباؤ کا شکار ہے جبکہ وزیراعظم عمران خان نے عوامی اجتماع سے خطاب کرتے ہوئے کہا کہ پاکستان کی خودمختاری پر کوئی سمجھوتہ نہیں کیا جائے گا اور قوم کو متحد رہنا ہوگا تاکہ ترقی کا سفر جاری رہے۔ کراچی کی عوام نے حکومت کی پالیسیوں کے خلاف احتجاج کیا اور کہا کہ موجودہ حالات میں ملک کی معیشت شدید دباؤ کا شکار ہے جبکہ وزیراعظم عمران خان نے عوامی اجتماع سے خطاب کرتے ہوئے کہا کہ پاکستان کی خودمختاری پر کوئی سمجھوتہ نہیں کیا جائے گا اور قوم کو متحد رہنا ہوگا تاکہ ترقی کا سفر جاری رہے۔
41
بیتیمبر
کراچی کی عوام نے حکومت کی پالیسیوں کے خلاف احتجاج کیا اور کہا کہ موجودہ حالات میں ملک کی معیشت شدید دباؤ کا شکار ہے جبکہ وزیراعظم عمران خان نے عوامی اجتماع سے خطاب کرتے ہوئے کہا کہ پاکستان کی خودمختاری پر کوئی سمجھوتہ نہیں کیا جائے گا اور قوم کو متحد رہنا ہوگا تاکہ ترقی کا سفر جاری رہے۔ کراچی کی عوام نے حکومت کی پالیسیوں کے خلاف احتجاج کیا اور کہا کہ موجودہ حالات میں ملک کی معیشت شدید دباؤ کا شکار ہے جبکہ وزیراعظم عمران خان نے عوامی اجتماع سے خطاب کرتے ہوئے کہا کہ پاکستان کی خودمختاری پر کوئی سمجھوتہ نہیں کیا جائے گا اور قوم کو متحد رہنا ہوگا تاکہ ترقی کا سفر جاری رہے۔ کراچی کی عوام نے حکومت کی پالیسیوں کے خلاف احتجاج کیا اور کہا کہ موجودہ حالات میں ملک کی معیشت شدید دباؤ کا شکار ہے جبکہ وزیراعظم عمران خان نے عوامی اجتماع سے خطاب کرتے ہوئے کہا کہ پاکستان کی خودمختاری پر کوئی سمجھوتہ نہیں کیا جائے گا اور قوم کو متحد رہنا ہوگا تاکہ ترقی کا سفر جاری رہے۔ کراچی کی عوام نے حکومت کی پالیسیوں کے خلاف احتجاج کیا اور کہا کہ موجودہ حالات میں ملک کی معیشت شدید دباؤ کا شکار ہے جبکہ وزیراعظم عمران خان نے عوامی اجتماع سے خطاب کرتے ہوئے کہا کہ پاکستان کی خودمختاری پر کوئی سمجھوتہ نہیں کیا جائے گا اور قوم کو متحد رہنا ہوگا تاکہ ترقی کا سفر جاری رہے۔ کراچی کی عوام نے حکومت کی پالیسیوں کے خلاف احتجاج کیا اور کہا کہ موجودہ حالات میں ملک کی معیشت شدید دباؤ کا شکار ہے جبکہ وزیراعظم عمران خان نے عوامی اجتماع سے خطاب کرتے ہوئے کہا کہ پاکستان کی خودمختاری پر کوئی سمجھوتہ نہیں کیا جائے گا اور قوم کو متحد رہنا ہوگا تاکہ ترقی کا سفر جاری رہے۔ کراچی کی عوام نے حکومت کی پالیسیوں کے خلاف احتجاج کیا اور کہا کہ موجودہ حالات میں ملک کی معیشت شدید دباؤ کا شکار ہے جبکہ وزیراعظم عمران خان نے عوامی اجتماع سے خطاب کرتے ہوئے کہا کہ پاکستان کی خودمختاری پر کوئی سمجھوتہ نہیں کیا جائے گا اور قوم کو متحد رہنا ہوگا تاکہ ترقی کا سفر جاری رہے۔
42
بیتیمبر
کراچی کی عوام نے حکومت کی پالیسیوں کے خلاف احتجاج کیا اور کہا کہ موجودہ حالات میں ملک کی معیشت شدید دباؤ کا شکار ہے جبکہ وزیراعظم عمران خان نے عوامی اجتماع سے خطاب کرتے ہوئے کہا کہ پاکستان کی خودمختاری پر کوئی سمجھوتہ نہیں کیا جائے گا اور قوم کو متحد رہنا ہوگا تاکہ ترقی کا سفر جاری رہے۔ کراچی کی عوام نے حکومت کی پالیسیوں کے خلاف احتجاج کیا اور کہا کہ موجودہ حالات میں ملک کی معیشت شدید دباؤ کا شکار ہے جبکہ وزیراعظم عمران خان نے عوامی اجتماع سے خطاب کرتے ہوئے کہا کہ پاکستان کی خودمختاری پر کوئی سمجھوتہ نہیں کیا جائے گا اور قوم کو متحد رہنا ہوگا تاکہ ترقی کا سفر جاری رہے۔ کراچی کی عوام نے حکومت کی پالیسیوں کے خلاف احتجاج کیا اور کہا کہ موجودہ حالات میں ملک کی معیشت شدید دباؤ کا شکار ہے جبکہ وزیراعظم عمران خان نے عوامی اجتماع سے خطاب کرتے ہوئے کہا کہ پاکستان کی خودمختاری پر کوئی سمجھوتہ نہیں کیا جائے گا اور قوم کو متحد رہنا ہوگا تاکہ ترقی کا سفر جاری رہے۔ کراچی کی عوام نے حکومت کی پالیسیوں کے خلاف احتجاج کیا اور کہا کہ موجودہ حالات میں ملک کی معیشت شدید دباؤ کا شکار ہے جبکہ وزیراعظم عمران خان نے عوامی اجتماع سے خطاب کرتے ہوئے کہا کہ پاکستان کی خودمختاری پر کوئی سمجھوتہ نہیں کیا جائے گا اور قوم کو متحد رہنا ہوگا تاکہ ترقی کا سفر جاری رہے۔
43
بیتیمبر
کراچی کی عوام نے حکومت کی پالیسیوں کے خلاف احتجاج کیا اور کہا کہ موجودہ حالات میں ملک کی معیشت شدید دباؤ کا شکار ہے جبکہ وزیراعظم عمران خان نے عوامی اجتماع سے خطاب کرتے ہوئے کہا کہ پاکستان کی خودمختاری پر کوئی سمجھوتہ نہیں کیا جائے گا اور قوم کو متحد رہنا ہوگا تاکہ ترقی کا سفر جاری رہے۔ کراچی کی عوام نے حکومت کی پالیسیوں کے خلاف احتجاج کیا اور کہا کہ موجودہ حالات میں ملک کی معیشت شدید دباؤ کا شکار ہے جبکہ وزیراعظم عمران خان نے عوامی اجتماع سے خطاب کرتے ہوئے کہا کہ پاکستان کی خودمختاری پر کوئی سمجھوتہ نہیں کیا جائے گا اور قوم کو متحد رہنا ہوگا تاکہ ترقی کا سفر جاری رہے۔ کراچی کی عوام نے حکومت کی پالیسیوں کے خلاف احتجاج کیا اور کہا کہ موجودہ حالات میں ملک کی معیشت شدید دباؤ کا شکار ہے جبکہ وزیراعظم عمران خان نے عوامی اجتماع سے خطاب کرتے ہوئے کہا کہ پاکستان کی خودمختاری پر کوئی سمجھوتہ نہیں کیا جائے گا اور قوم کو متحد رہنا ہوگا تاکہ ترقی کا سفر جاری رہے۔
44
بیتیمبر
کراچی کی عوام نے حکومت کی پالیسیوں کے خلاف احتجاج کیا اور کہا کہ موجودہ حالات میں ملک کی معیشت شدید دباؤ کا شکار ہے جبکہ وزیراعظم عمران خان نے عوامی اجتماع سے خطاب کرتے ہوئے کہا کہ پاکستان کی خودمختاری پر کوئی سمجھوتہ نہیں کیا جائے گا اور قوم کو متحد رہنا ہوگا تاکہ ترقی کا سفر جاری رہے۔ کراچی کی عوام نے حکومت کی پالیسیوں کے خلاف احتجاج کیا اور کہا کہ موجودہ حالات میں ملک کی معیشت شدید دباؤ کا شکار ہے جبکہ وزیراعظم عمران خان نے عوامی اجتماع سے خطاب کرتے ہوئے کہا کہ پاکستان کی خودمختاری پر کوئی سمجھوتہ نہیں کیا جائے گا اور قوم کو متحد رہنا ہوگا تاکہ ترقی کا سفر جاری رہے۔ کراچی کی عوام نے حکومت کی پالیسیوں کے خلاف احتجاج کیا اور کہا کہ موجودہ حالات میں ملک کی معیشت شدید دباؤ کا شکار ہے جبکہ وزیراعظم عمران خان نے عوامی اجتماع سے خطاب کرتے ہوئے کہا کہ پاکستان کی خودمختاری پر کوئی سمجھوتہ نہیں کیا جائے گا اور قوم کو متحد رہنا ہوگا تاکہ ترقی کا سفر جاری رہے۔ کراچی کی عوام نے حکومت کی پالیسیوں کے خلاف احتجاج کیا اور کہا کہ موجودہ حالات میں ملک کی معیشت شدید دباؤ کا شکار ہے جبکہ وزیراعظم عمران خان نے عوامی اجتماع سے خطاب کرتے ہوئے کہا کہ پاکستان کی خودمختاری پر کوئی سمجھوتہ نہیں کیا جائے گا اور قوم کو متحد رہنا ہوگا تاکہ ترقی کا سفر جاری رہے۔ کراچی کی عوام نے حکومت کی پالیسیوں کے خلاف احتجاج کیا اور کہا کہ موجودہ حالات میں ملک کی معیشت شدید دباؤ کا شکار ہے جبکہ وزیراعظم عمران خان نے عوامی اجتماع سے خطاب کرتے ہوئے کہا کہ پاکستان کی خودمختاری پر کوئی سمجھوتہ نہیں کیا جائے گا اور قوم کو متحد رہنا ہوگا تاکہ ترقی کا سفر جاری رہے۔
45
بیتیمبر
کراچی کی عوام نے حکومت کی پالیسیوں کے خلاف احتجاج کیا اور کہا کہ موجودہ حالات میں ملک کی معیشت شدید دباؤ کا شکار ہے جبکہ وزیراعظم عمران خان نے عوامی اجتماع سے خطاب کرتے ہوئے کہا کہ پاکستان کی خودمختاری پر کوئی سمجھوتہ نہیں کیا جائے گا اور قوم کو متحد رہنا ہوگا تاکہ ترقی کا سفر جاری رہے۔ کراچی کی عوام نے حکومت کی پالیسیوں کے خلاف احتجاج کیا اور کہا کہ موجودہ حالات میں ملک کی معیشت شدید دباؤ کا شکار ہے جبکہ وزیراعظم عمران خان نے عوامی اجتماع سے خطاب کرتے ہوئے کہا کہ پاکستان کی خودمختاری پر کوئی سمجھوتہ نہیں کیا جائے گا اور قوم کو متحد رہنا ہوگا تاکہ ترقی کا سفر جاری رہے۔ کراچی کی عوام نے حکومت کی پالیسیوں کے خلاف احتجاج کیا اور کہا کہ موجودہ حالات میں ملک کی معیشت شدید دباؤ کا شکار ہے جبکہ وزیراعظم عمران خان نے عوامی اجتماع سے خطاب کرتے ہوئے کہا کہ پاکستان کی خودمختاری پر کوئی سمجھوتہ نہیں کیا جائے گا اور قوم کو متحد رہنا ہوگا تاکہ ترقی کا سفر جاری رہے۔ کراچی کی عوام نے حکومت کی پالیسیوں کے خلاف احتجاج کیا اور کہا کہ موجودہ حالات میں ملک کی معیشت شدید دباؤ کا شکار ہے جبکہ وزیراعظم عمران خان نے عوامی اجتماع سے خطاب کرتے ہوئے کہا کہ پاکستان کی خودمختاری پر کوئی سمجھوتہ نہیں کیا جائے گا اور قوم کو متحد رہنا ہوگا تاکہ ترقی کا سفر جاری رہے۔ کراچی کی عوام نے حکومت کی پالیسیوں کے خلاف احتجاج کیا اور کہا کہ موجودہ حالات میں ملک کی معیشت شدید دباؤ کا شکار ہے جبکہ وزیراعظم عمران خان نے عوامی اجتماع سے خطاب کرتے ہوئے کہا کہ پاکستان کی خودمختاری پر کوئی سمجھوتہ نہیں کیا جائے گا اور قوم کو متحد رہنا ہوگا تاکہ ترقی کا سفر جاری رہے۔ کراچی کی عوام نے حکومت کی پالیسیوں کے خلاف احتجاج کیا اور کہا کہ موجودہ حالات میں ملک کی معیشت شدید دباؤ کا شکار ہے جبکہ وزیراعظم عمران خان نے عوامی اجتماع سے خطاب کرتے ہوئے کہا کہ پاکستان کی خودمختاری پر کوئی سمجھوتہ نہیں کیا جائے گا اور قوم کو متحد رہنا ہوگا تاکہ ترقی کا سفر جاری رہے۔ کراچی کی عوام نے حکومت کی پالیسیوں کے خلاف احتجاج کیا اور کہا کہ موجودہ حالات میں ملک کی معیشت شدید دباؤ کا شکار ہے جبکہ وزیراعظم عمران خان نے عوامی اجتماع سے خطاب کرتے ہوئے کہا کہ پاکستان کی خودمختاری پر کوئی سمجھوتہ نہیں کیا جائے گا اور قوم کو متحد رہنا ہوگا تاکہ ترقی کا سفر جاری رہے۔
46
بیتیمبر
کراچی کی عوام نے حکومت کی پالیسیوں کے خلاف احتجاج کیا اور کہا کہ موجودہ حالات میں ملک کی معیشت شدید دباؤ کا شکار ہے جبکہ وزیراعظم عمران خان نے عوامی اجتماع سے خطاب کرتے ہوئے کہا کہ پاکستان کی خودمختاری پر کوئی سمجھوتہ نہیں کیا جائے گا اور قوم کو متحد رہنا ہوگا تاکہ ترقی کا سفر جاری رہے۔ کراچی کی عوام نے حکومت کی پالیسیوں کے خلاف احتجاج کیا اور کہا کہ موجودہ حالات میں ملک کی معیشت شدید دباؤ کا شکار ہے جبکہ وزیراعظم عمران خان نے عوامی اجتماع سے خطاب کرتے ہوئے کہا کہ پاکستان کی خودمختاری پر کوئی سمجھوتہ نہیں کیا جائے گا اور قوم کو متحد رہنا ہوگا تاکہ ترقی کا سفر جاری رہے۔ کراچی کی عوام نے حکومت کی پالیسیوں کے خلاف احتجاج کیا اور کہا کہ موجودہ حالات میں ملک کی معیشت شدید دباؤ کا شکار ہے جبکہ وزیراعظم عمران خان نے عوامی اجتماع سے خطاب کرتے ہوئے کہا کہ پاکستان کی خودمختاری پر کوئی سمجھوتہ نہیں کیا جائے گا اور قوم کو متحد رہنا ہوگا تاکہ ترقی کا سفر جاری رہے۔ کراچی کی عوام نے حکومت کی پالیسیوں کے خلاف احتجاج کیا اور کہا کہ موجودہ حالات میں ملک کی معیشت شدید دباؤ کا شکار ہے جبکہ وزیراعظم عمران خان نے عوامی اجتماع سے خطاب کرتے ہوئے کہا کہ پاکستان کی خودمختاری پر کوئی سمجھوتہ نہیں کیا جائے گا اور قوم کو متحد رہنا ہوگا تاکہ ترقی کا سفر جاری رہے۔ کراچی کی عوام نے حکومت کی پالیسیوں کے خلاف احتجاج کیا اور کہا کہ موجودہ حالات میں ملک کی معیشت شدید دباؤ کا شکار ہے جبکہ وزیراعظم عمران خان نے عوامی اجتماع سے خطاب کرتے ہوئے کہا کہ پاکستان کی خودمختاری پر کوئی سمجھوتہ نہیں کیا جائے گا اور قوم کو متحد رہنا ہوگا تاکہ ترقی کا سفر جاری رہے۔ کراچی کی عوام نے حکومت کی پالیسیوں کے خلاف احتجاج کیا اور کہا کہ موجودہ حالات میں ملک کی معیشت شدید دباؤ کا شکار ہے جبکہ وزیراعظم عمران خان نے عوامی اجتماع سے خطاب کرتے ہوئے کہا کہ پاکستان کی خودمختاری پر کوئی سمجھوتہ نہیں کیا جائے گا اور قوم کو متحد رہنا ہوگا تاکہ ترقی کا سفر جاری رہے۔
47
بیتیمبر
کراچی کی عوام نے حکومت کی پالیسیوں کے خلاف احتجاج کیا اور کہا کہ موجودہ حالات میں ملک کی معیشت شدید دباؤ کا شکار ہے جبکہ وزیراعظم عمران خان نے عوامی اجتماع سے خطاب کرتے ہوئے کہا کہ پاکستان کی خودمختاری پر کوئی سمجھوتہ نہیں کیا جائے گا اور قوم کو متحد رہنا ہوگا تاکہ ترقی کا سفر جاری رہے۔ کراچی کی عوام نے حکومت کی پالیسیوں کے خلاف احتجاج کیا اور کہا کہ موجودہ حالات میں ملک کی معیشت شدید دباؤ کا شکار ہے جبکہ وزیراعظم عمران خان نے عوامی اجتماع سے خطاب کرتے ہوئے کہا کہ پاکستان کی خودمختاری پر کوئی سمجھوتہ نہیں کیا جائے گا اور قوم کو متحد رہنا ہوگا تاکہ ترقی کا سفر جاری رہے۔ کراچی کی عوام نے حکومت کی پالیسیوں کے خلاف احتجاج کیا اور کہا کہ موجودہ حالات میں ملک کی معیشت شدید دباؤ کا شکار ہے جبکہ وزیراعظم عمران خان نے عوامی اجتماع سے خطاب کرتے ہوئے کہا کہ پاکستان کی خودمختاری پر کوئی سمجھوتہ نہیں کیا جائے گا اور قوم کو متحد رہنا ہوگا تاکہ ترقی کا سفر جاری رہے۔ کراچی کی عوام نے حکومت کی پالیسیوں کے خلاف احتجاج کیا اور کہا کہ موجودہ حالات میں ملک کی معیشت شدید دباؤ کا شکار ہے جبکہ وزیراعظم عمران خان نے عوامی اجتماع سے خطاب کرتے ہوئے کہا کہ پاکستان کی خودمختاری پر کوئی سمجھوتہ نہیں کیا جائے گا اور قوم کو متحد رہنا ہوگا تاکہ ترقی کا سفر جاری رہے۔
48
بیتیمبر
کراچی کی عوام نے حکومت کی پالیسیوں کے خلاف احتجاج کیا اور کہا کہ موجودہ حالات میں ملک کی معیشت شدید دباؤ کا شکار ہے جبکہ وزیراعظم عمران خان نے عوامی اجتماع سے خطاب کرتے ہوئے کہا کہ پاکستان کی خودمختاری پر کوئی سمجھوتہ نہیں کیا جائے گا اور قوم کو متحد رہنا ہوگا تاکہ ترقی کا سفر جاری رہے۔ کراچی کی عوام نے حکومت کی پالیسیوں کے خلاف احتجاج کیا اور کہا کہ موجودہ حالات میں ملک کی معیشت شدید دباؤ کا شکار ہے جبکہ وزیراعظم عمران خان نے عوامی اجتماع سے خطاب کرتے ہوئے کہا کہ پاکستان کی خودمختاری پر کوئی سمجھوتہ نہیں کیا جائے گا اور قوم کو متحد رہنا ہوگا تاکہ ترقی کا سفر جاری رہے۔ کراچی کی عوام نے حکومت کی پالیسیوں کے خلاف احتجاج کیا اور کہا کہ موجودہ حالات میں ملک کی معیشت شدید دباؤ کا شکار ہے جبکہ وزیراعظم عمران خان نے عوامی اجتماع سے خطاب کرتے ہوئے کہا کہ پاکستان کی خودمختاری پر کوئی سمجھوتہ نہیں کیا جائے گا اور قوم کو متحد رہنا ہوگا تاکہ ترقی کا سفر جاری رہے۔ کراچی کی عوام نے حکومت کی پالیسیوں کے خلاف احتجاج کیا اور کہا کہ موجودہ حالات میں ملک کی معیشت شدید دباؤ کا شکار ہے جبکہ وزیراعظم عمران خان نے عوامی اجتماع سے خطاب کرتے ہوئے کہا کہ پاکستان کی خودمختاری پر کوئی سمجھوتہ نہیں کیا جائے گا اور قوم کو متحد رہنا ہوگا تاکہ ترقی کا سفر جاری رہے۔ کراچی کی عوام نے حکومت کی پالیسیوں کے خلاف احتجاج کیا اور کہا کہ موجودہ حالات میں ملک کی معیشت شدید دباؤ کا شکار ہے جبکہ وزیراعظم عمران خان نے عوامی اجتماع سے خطاب کرتے ہوئے کہا کہ پاکستان کی خودمختاری پر کوئی سمجھوتہ نہیں کیا جائے گا اور قوم کو متحد رہنا ہوگا تاکہ ترقی کا سفر جاری رہے۔ کراچی کی عوام نے حکومت کی پالیسیوں کے خلاف احتجاج کیا اور کہا کہ موجودہ حالات میں ملک کی معیشت شدید دباؤ کا شکار ہے جبکہ وزیراعظم عمران خان نے عوامی اجتماع سے خطاب کرتے ہوئے کہا کہ پاکستان کی خودمختاری پر کوئی سمجھوتہ نہیں کیا جائے گا اور قوم کو متحد رہنا ہوگا تاکہ ترقی کا سفر جاری رہے۔ کراچی کی عوام نے حکومت کی پالیسیوں کے خلاف احتجاج کیا اور کہا کہ موجودہ حالات میں ملک کی معیشت شدید دباؤ کا شکار ہے جبکہ وزیراعظم عمران خان نے عوامی اجتماع سے خطاب کرتے ہوئے کہا کہ پاکستان کی خودمختاری پر کوئی سمجھوتہ نہیں کیا جائے گا اور قوم کو متحد رہنا ہوگا تاکہ ترقی کا سفر جاری رہے۔ کراچی کی عوام نے حکومت کی پالیسیوں کے خلاف احتجاج کیا اور کہا کہ موجودہ حالات میں ملک کی معیشت شدید دباؤ کا شکار ہے جبکہ وزیراعظم عمران خان نے عوامی اجتماع سے خطاب کرتے ہوئے کہا کہ پاکستان کی خودمختاری پر کوئی سمجھوتہ نہیں کیا جائے گا اور قوم کو متحد رہنا ہوگا تاکہ ترقی کا سفر جاری رہے۔ کراچی کی عوام نے حکومت کی پالیسیوں کے خلاف احتجاج کیا اور کہا کہ موجودہ حالات میں ملک کی معیشت شدید دباؤ کا شکار ہے جبکہ وزیراعظم عمران خان نے عوامی اجتماع سے خطاب کرتے ہوئے کہا کہ پاکستان کی خودمختاری پر کوئی سمجھوتہ نہیں کیا جائے گا اور قوم کو متحد رہنا ہوگا تاکہ ترقی کا سفر جاری رہے۔
49
بیتیمبر
کراچی کی عوام نے حکومت کی پالیسیوں کے خلاف احتجاج کیا اور کہا کہ موجودہ حالات میں ملک کی معیشت شدید دباؤ کا شکار ہے جبکہ وزیراعظم عمران خان نے عوامی اجتماع سے خطاب کرتے ہوئے کہا کہ پاکستان کی خودمختاری پر کوئی سمجھوتہ نہیں کیا جائے گا اور قوم کو متحد رہنا ہوگا تاکہ ترقی کا سفر جاری رہے۔ کراچی کی عوام نے حکومت کی پالیسیوں کے خلاف احتجاج کیا اور کہا کہ موجودہ حالات میں ملک کی معیشت شدید دباؤ کا شکار ہے جبکہ وزیراعظم عمران خان نے عوامی اجتماع سے خطاب کرتے ہوئے کہا کہ پاکستان کی خودمختاری پر کوئی سمجھوتہ نہیں کیا جائے گا اور قوم کو متحد
